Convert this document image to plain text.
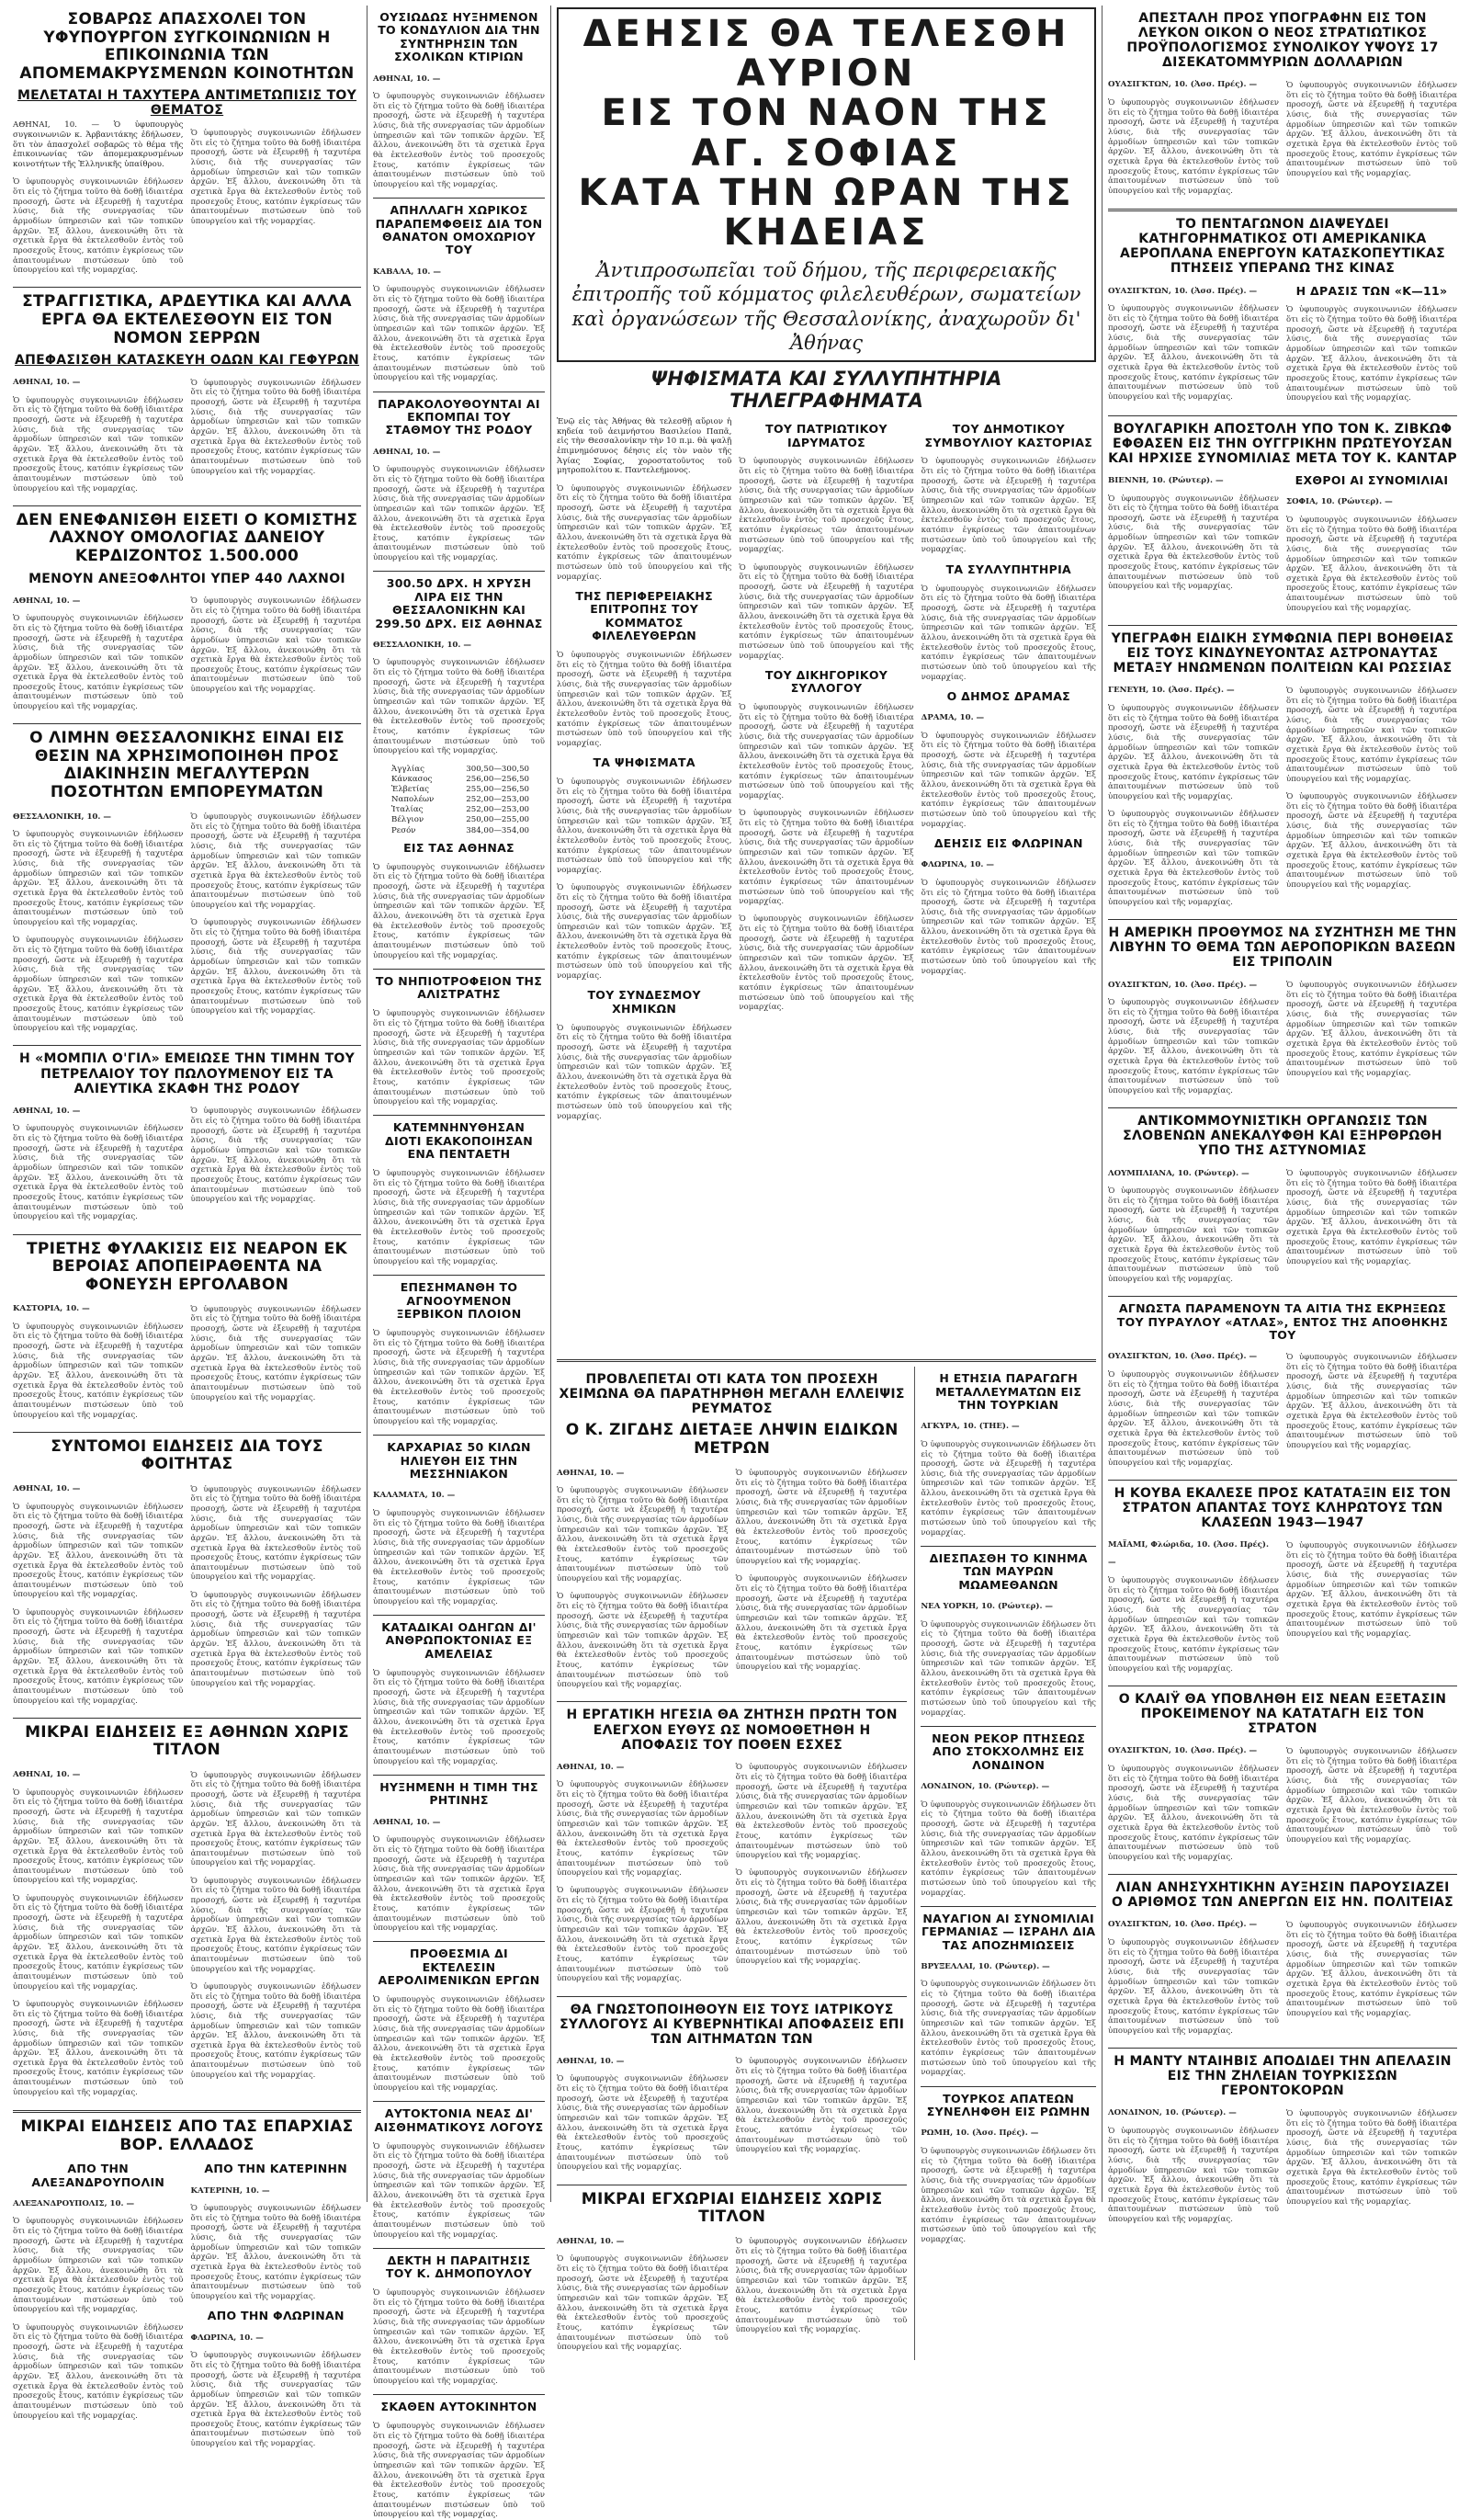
ΣΟΒΑΡΩΣ ΑΠΑΣΧΟΛΕΙ ΤΟΝ ΥΦΥΠΟΥΡΓΟΝ ΣΥΓΚΟΙΝΩΝΙΩΝ Η ΕΠΙΚΟΙΝΩΝΙΑ ΤΩΝ ΑΠΟΜΕΜΑΚΡΥΣΜΕΝΩΝ ΚΟΙΝΟΤΗΤΩΝ
ΜΕΛΕΤΑΤΑΙ Η ΤΑΧΥΤΕΡΑ ΑΝΤΙΜΕΤΩΠΙΣΙΣ ΤΟΥ ΘΕΜΑΤΟΣ

ΑΘΗΝΑΙ, 10. — Ὁ ὑφυπουργὸς συγκοινωνιῶν κ. Ἀρβανιτάκης ἐδήλωσεν, ὅτι τὸν ἀπασχολεῖ σοβαρῶς τὸ θέμα τῆς ἐπικοινωνίας τῶν ἀπομεμακρυσμένων κοινοτήτων τῆς Ἑλληνικῆς ὑπαίθρου.

Ὁ ὑφυπουργὸς συγκοινωνιῶν ἐδήλωσεν ὅτι εἰς τὸ ζήτημα τοῦτο θὰ δοθῇ ἰδιαιτέρα προσοχή, ὥστε νὰ ἐξευρεθῇ ἡ ταχυτέρα λύσις, διὰ τῆς συνεργασίας τῶν ἁρμοδίων ὑπηρεσιῶν καὶ τῶν τοπικῶν ἀρχῶν. Ἐξ ἄλλου, ἀνεκοινώθη ὅτι τὰ σχετικὰ ἔργα θὰ ἐκτελεσθοῦν ἐντὸς τοῦ προσεχοῦς ἔτους, κατόπιν ἐγκρίσεως τῶν ἀπαιτουμένων πιστώσεων ὑπὸ τοῦ ὑπουργείου καὶ τῆς νομαρχίας.

Ὁ ὑφυπουργὸς συγκοινωνιῶν ἐδήλωσεν ὅτι εἰς τὸ ζήτημα τοῦτο θὰ δοθῇ ἰδιαιτέρα προσοχή, ὥστε νὰ ἐξευρεθῇ ἡ ταχυτέρα λύσις, διὰ τῆς συνεργασίας τῶν ἁρμοδίων ὑπηρεσιῶν καὶ τῶν τοπικῶν ἀρχῶν. Ἐξ ἄλλου, ἀνεκοινώθη ὅτι τὰ σχετικὰ ἔργα θὰ ἐκτελεσθοῦν ἐντὸς τοῦ προσεχοῦς ἔτους, κατόπιν ἐγκρίσεως τῶν ἀπαιτουμένων πιστώσεων ὑπὸ τοῦ ὑπουργείου καὶ τῆς νομαρχίας.

ΣΤΡΑΓΓΙΣΤΙΚΑ, ΑΡΔΕΥΤΙΚΑ ΚΑΙ ΑΛΛΑ ΕΡΓΑ ΘΑ ΕΚΤΕΛΕΣΘΟΥΝ ΕΙΣ ΤΟΝ ΝΟΜΟΝ ΣΕΡΡΩΝ
ΑΠΕΦΑΣΙΣΘΗ ΚΑΤΑΣΚΕΥΗ ΟΔΩΝ ΚΑΙ ΓΕΦΥΡΩΝ
ΑΘΗΝΑΙ, 10. —

Ὁ ὑφυπουργὸς συγκοινωνιῶν ἐδήλωσεν ὅτι εἰς τὸ ζήτημα τοῦτο θὰ δοθῇ ἰδιαιτέρα προσοχή, ὥστε νὰ ἐξευρεθῇ ἡ ταχυτέρα λύσις, διὰ τῆς συνεργασίας τῶν ἁρμοδίων ὑπηρεσιῶν καὶ τῶν τοπικῶν ἀρχῶν. Ἐξ ἄλλου, ἀνεκοινώθη ὅτι τὰ σχετικὰ ἔργα θὰ ἐκτελεσθοῦν ἐντὸς τοῦ προσεχοῦς ἔτους, κατόπιν ἐγκρίσεως τῶν ἀπαιτουμένων πιστώσεων ὑπὸ τοῦ ὑπουργείου καὶ τῆς νομαρχίας.

Ὁ ὑφυπουργὸς συγκοινωνιῶν ἐδήλωσεν ὅτι εἰς τὸ ζήτημα τοῦτο θὰ δοθῇ ἰδιαιτέρα προσοχή, ὥστε νὰ ἐξευρεθῇ ἡ ταχυτέρα λύσις, διὰ τῆς συνεργασίας τῶν ἁρμοδίων ὑπηρεσιῶν καὶ τῶν τοπικῶν ἀρχῶν. Ἐξ ἄλλου, ἀνεκοινώθη ὅτι τὰ σχετικὰ ἔργα θὰ ἐκτελεσθοῦν ἐντὸς τοῦ προσεχοῦς ἔτους, κατόπιν ἐγκρίσεως τῶν ἀπαιτουμένων πιστώσεων ὑπὸ τοῦ ὑπουργείου καὶ τῆς νομαρχίας.

ΔΕΝ ΕΝΕΦΑΝΙΣΘΗ ΕΙΣΕΤΙ Ο ΚΟΜΙΣΤΗΣ ΛΑΧΝΟΥ ΟΜΟΛΟΓΙΑΣ ΔΑΝΕΙΟΥ ΚΕΡΔΙΖΟΝΤΟΣ 1.500.000
ΜΕΝΟΥΝ ΑΝΕΞΟΦΛΗΤΟΙ ΥΠΕΡ 440 ΛΑΧΝΟΙ
ΑΘΗΝΑΙ, 10. —

Ὁ ὑφυπουργὸς συγκοινωνιῶν ἐδήλωσεν ὅτι εἰς τὸ ζήτημα τοῦτο θὰ δοθῇ ἰδιαιτέρα προσοχή, ὥστε νὰ ἐξευρεθῇ ἡ ταχυτέρα λύσις, διὰ τῆς συνεργασίας τῶν ἁρμοδίων ὑπηρεσιῶν καὶ τῶν τοπικῶν ἀρχῶν. Ἐξ ἄλλου, ἀνεκοινώθη ὅτι τὰ σχετικὰ ἔργα θὰ ἐκτελεσθοῦν ἐντὸς τοῦ προσεχοῦς ἔτους, κατόπιν ἐγκρίσεως τῶν ἀπαιτουμένων πιστώσεων ὑπὸ τοῦ ὑπουργείου καὶ τῆς νομαρχίας.

Ὁ ὑφυπουργὸς συγκοινωνιῶν ἐδήλωσεν ὅτι εἰς τὸ ζήτημα τοῦτο θὰ δοθῇ ἰδιαιτέρα προσοχή, ὥστε νὰ ἐξευρεθῇ ἡ ταχυτέρα λύσις, διὰ τῆς συνεργασίας τῶν ἁρμοδίων ὑπηρεσιῶν καὶ τῶν τοπικῶν ἀρχῶν. Ἐξ ἄλλου, ἀνεκοινώθη ὅτι τὰ σχετικὰ ἔργα θὰ ἐκτελεσθοῦν ἐντὸς τοῦ προσεχοῦς ἔτους, κατόπιν ἐγκρίσεως τῶν ἀπαιτουμένων πιστώσεων ὑπὸ τοῦ ὑπουργείου καὶ τῆς νομαρχίας.

Ο ΛΙΜΗΝ ΘΕΣΣΑΛΟΝΙΚΗΣ ΕΙΝΑΙ ΕΙΣ ΘΕΣΙΝ ΝΑ ΧΡΗΣΙΜΟΠΟΙΗΘΗ ΠΡΟΣ ΔΙΑΚΙΝΗΣΙΝ ΜΕΓΑΛΥΤΕΡΩΝ ΠΟΣΟΤΗΤΩΝ ΕΜΠΟΡΕΥΜΑΤΩΝ
ΘΕΣΣΑΛΟΝΙΚΗ, 10. —

Ὁ ὑφυπουργὸς συγκοινωνιῶν ἐδήλωσεν ὅτι εἰς τὸ ζήτημα τοῦτο θὰ δοθῇ ἰδιαιτέρα προσοχή, ὥστε νὰ ἐξευρεθῇ ἡ ταχυτέρα λύσις, διὰ τῆς συνεργασίας τῶν ἁρμοδίων ὑπηρεσιῶν καὶ τῶν τοπικῶν ἀρχῶν. Ἐξ ἄλλου, ἀνεκοινώθη ὅτι τὰ σχετικὰ ἔργα θὰ ἐκτελεσθοῦν ἐντὸς τοῦ προσεχοῦς ἔτους, κατόπιν ἐγκρίσεως τῶν ἀπαιτουμένων πιστώσεων ὑπὸ τοῦ ὑπουργείου καὶ τῆς νομαρχίας.

Ὁ ὑφυπουργὸς συγκοινωνιῶν ἐδήλωσεν ὅτι εἰς τὸ ζήτημα τοῦτο θὰ δοθῇ ἰδιαιτέρα προσοχή, ὥστε νὰ ἐξευρεθῇ ἡ ταχυτέρα λύσις, διὰ τῆς συνεργασίας τῶν ἁρμοδίων ὑπηρεσιῶν καὶ τῶν τοπικῶν ἀρχῶν. Ἐξ ἄλλου, ἀνεκοινώθη ὅτι τὰ σχετικὰ ἔργα θὰ ἐκτελεσθοῦν ἐντὸς τοῦ προσεχοῦς ἔτους, κατόπιν ἐγκρίσεως τῶν ἀπαιτουμένων πιστώσεων ὑπὸ τοῦ ὑπουργείου καὶ τῆς νομαρχίας.

Ὁ ὑφυπουργὸς συγκοινωνιῶν ἐδήλωσεν ὅτι εἰς τὸ ζήτημα τοῦτο θὰ δοθῇ ἰδιαιτέρα προσοχή, ὥστε νὰ ἐξευρεθῇ ἡ ταχυτέρα λύσις, διὰ τῆς συνεργασίας τῶν ἁρμοδίων ὑπηρεσιῶν καὶ τῶν τοπικῶν ἀρχῶν. Ἐξ ἄλλου, ἀνεκοινώθη ὅτι τὰ σχετικὰ ἔργα θὰ ἐκτελεσθοῦν ἐντὸς τοῦ προσεχοῦς ἔτους, κατόπιν ἐγκρίσεως τῶν ἀπαιτουμένων πιστώσεων ὑπὸ τοῦ ὑπουργείου καὶ τῆς νομαρχίας.

Ὁ ὑφυπουργὸς συγκοινωνιῶν ἐδήλωσεν ὅτι εἰς τὸ ζήτημα τοῦτο θὰ δοθῇ ἰδιαιτέρα προσοχή, ὥστε νὰ ἐξευρεθῇ ἡ ταχυτέρα λύσις, διὰ τῆς συνεργασίας τῶν ἁρμοδίων ὑπηρεσιῶν καὶ τῶν τοπικῶν ἀρχῶν. Ἐξ ἄλλου, ἀνεκοινώθη ὅτι τὰ σχετικὰ ἔργα θὰ ἐκτελεσθοῦν ἐντὸς τοῦ προσεχοῦς ἔτους, κατόπιν ἐγκρίσεως τῶν ἀπαιτουμένων πιστώσεων ὑπὸ τοῦ ὑπουργείου καὶ τῆς νομαρχίας.

Η «ΜΟΜΠΙΛ Ο'ΓΙΛ» ΕΜΕΙΩΣΕ ΤΗΝ ΤΙΜΗΝ ΤΟΥ ΠΕΤΡΕΛΑΙΟΥ ΤΟΥ ΠΩΛΟΥΜΕΝΟΥ ΕΙΣ ΤΑ ΑΛΙΕΥΤΙΚΑ ΣΚΑΦΗ ΤΗΣ ΡΟΔΟΥ
ΑΘΗΝΑΙ, 10. —

Ὁ ὑφυπουργὸς συγκοινωνιῶν ἐδήλωσεν ὅτι εἰς τὸ ζήτημα τοῦτο θὰ δοθῇ ἰδιαιτέρα προσοχή, ὥστε νὰ ἐξευρεθῇ ἡ ταχυτέρα λύσις, διὰ τῆς συνεργασίας τῶν ἁρμοδίων ὑπηρεσιῶν καὶ τῶν τοπικῶν ἀρχῶν. Ἐξ ἄλλου, ἀνεκοινώθη ὅτι τὰ σχετικὰ ἔργα θὰ ἐκτελεσθοῦν ἐντὸς τοῦ προσεχοῦς ἔτους, κατόπιν ἐγκρίσεως τῶν ἀπαιτουμένων πιστώσεων ὑπὸ τοῦ ὑπουργείου καὶ τῆς νομαρχίας.

Ὁ ὑφυπουργὸς συγκοινωνιῶν ἐδήλωσεν ὅτι εἰς τὸ ζήτημα τοῦτο θὰ δοθῇ ἰδιαιτέρα προσοχή, ὥστε νὰ ἐξευρεθῇ ἡ ταχυτέρα λύσις, διὰ τῆς συνεργασίας τῶν ἁρμοδίων ὑπηρεσιῶν καὶ τῶν τοπικῶν ἀρχῶν. Ἐξ ἄλλου, ἀνεκοινώθη ὅτι τὰ σχετικὰ ἔργα θὰ ἐκτελεσθοῦν ἐντὸς τοῦ προσεχοῦς ἔτους, κατόπιν ἐγκρίσεως τῶν ἀπαιτουμένων πιστώσεων ὑπὸ τοῦ ὑπουργείου καὶ τῆς νομαρχίας.

ΤΡΙΕΤΗΣ ΦΥΛΑΚΙΣΙΣ ΕΙΣ ΝΕΑΡΟΝ ΕΚ ΒΕΡΟΙΑΣ ΑΠΟΠΕΙΡΑΘΕΝΤΑ ΝΑ ΦΟΝΕΥΣΗ ΕΡΓΟΛΑΒΟΝ
ΚΑΣΤΟΡΙΑ, 10. —

Ὁ ὑφυπουργὸς συγκοινωνιῶν ἐδήλωσεν ὅτι εἰς τὸ ζήτημα τοῦτο θὰ δοθῇ ἰδιαιτέρα προσοχή, ὥστε νὰ ἐξευρεθῇ ἡ ταχυτέρα λύσις, διὰ τῆς συνεργασίας τῶν ἁρμοδίων ὑπηρεσιῶν καὶ τῶν τοπικῶν ἀρχῶν. Ἐξ ἄλλου, ἀνεκοινώθη ὅτι τὰ σχετικὰ ἔργα θὰ ἐκτελεσθοῦν ἐντὸς τοῦ προσεχοῦς ἔτους, κατόπιν ἐγκρίσεως τῶν ἀπαιτουμένων πιστώσεων ὑπὸ τοῦ ὑπουργείου καὶ τῆς νομαρχίας.

Ὁ ὑφυπουργὸς συγκοινωνιῶν ἐδήλωσεν ὅτι εἰς τὸ ζήτημα τοῦτο θὰ δοθῇ ἰδιαιτέρα προσοχή, ὥστε νὰ ἐξευρεθῇ ἡ ταχυτέρα λύσις, διὰ τῆς συνεργασίας τῶν ἁρμοδίων ὑπηρεσιῶν καὶ τῶν τοπικῶν ἀρχῶν. Ἐξ ἄλλου, ἀνεκοινώθη ὅτι τὰ σχετικὰ ἔργα θὰ ἐκτελεσθοῦν ἐντὸς τοῦ προσεχοῦς ἔτους, κατόπιν ἐγκρίσεως τῶν ἀπαιτουμένων πιστώσεων ὑπὸ τοῦ ὑπουργείου καὶ τῆς νομαρχίας.

ΣΥΝΤΟΜΟΙ ΕΙΔΗΣΕΙΣ ΔΙΑ ΤΟΥΣ ΦΟΙΤΗΤΑΣ
ΑΘΗΝΑΙ, 10. —

Ὁ ὑφυπουργὸς συγκοινωνιῶν ἐδήλωσεν ὅτι εἰς τὸ ζήτημα τοῦτο θὰ δοθῇ ἰδιαιτέρα προσοχή, ὥστε νὰ ἐξευρεθῇ ἡ ταχυτέρα λύσις, διὰ τῆς συνεργασίας τῶν ἁρμοδίων ὑπηρεσιῶν καὶ τῶν τοπικῶν ἀρχῶν. Ἐξ ἄλλου, ἀνεκοινώθη ὅτι τὰ σχετικὰ ἔργα θὰ ἐκτελεσθοῦν ἐντὸς τοῦ προσεχοῦς ἔτους, κατόπιν ἐγκρίσεως τῶν ἀπαιτουμένων πιστώσεων ὑπὸ τοῦ ὑπουργείου καὶ τῆς νομαρχίας.

Ὁ ὑφυπουργὸς συγκοινωνιῶν ἐδήλωσεν ὅτι εἰς τὸ ζήτημα τοῦτο θὰ δοθῇ ἰδιαιτέρα προσοχή, ὥστε νὰ ἐξευρεθῇ ἡ ταχυτέρα λύσις, διὰ τῆς συνεργασίας τῶν ἁρμοδίων ὑπηρεσιῶν καὶ τῶν τοπικῶν ἀρχῶν. Ἐξ ἄλλου, ἀνεκοινώθη ὅτι τὰ σχετικὰ ἔργα θὰ ἐκτελεσθοῦν ἐντὸς τοῦ προσεχοῦς ἔτους, κατόπιν ἐγκρίσεως τῶν ἀπαιτουμένων πιστώσεων ὑπὸ τοῦ ὑπουργείου καὶ τῆς νομαρχίας.

Ὁ ὑφυπουργὸς συγκοινωνιῶν ἐδήλωσεν ὅτι εἰς τὸ ζήτημα τοῦτο θὰ δοθῇ ἰδιαιτέρα προσοχή, ὥστε νὰ ἐξευρεθῇ ἡ ταχυτέρα λύσις, διὰ τῆς συνεργασίας τῶν ἁρμοδίων ὑπηρεσιῶν καὶ τῶν τοπικῶν ἀρχῶν. Ἐξ ἄλλου, ἀνεκοινώθη ὅτι τὰ σχετικὰ ἔργα θὰ ἐκτελεσθοῦν ἐντὸς τοῦ προσεχοῦς ἔτους, κατόπιν ἐγκρίσεως τῶν ἀπαιτουμένων πιστώσεων ὑπὸ τοῦ ὑπουργείου καὶ τῆς νομαρχίας.

Ὁ ὑφυπουργὸς συγκοινωνιῶν ἐδήλωσεν ὅτι εἰς τὸ ζήτημα τοῦτο θὰ δοθῇ ἰδιαιτέρα προσοχή, ὥστε νὰ ἐξευρεθῇ ἡ ταχυτέρα λύσις, διὰ τῆς συνεργασίας τῶν ἁρμοδίων ὑπηρεσιῶν καὶ τῶν τοπικῶν ἀρχῶν. Ἐξ ἄλλου, ἀνεκοινώθη ὅτι τὰ σχετικὰ ἔργα θὰ ἐκτελεσθοῦν ἐντὸς τοῦ προσεχοῦς ἔτους, κατόπιν ἐγκρίσεως τῶν ἀπαιτουμένων πιστώσεων ὑπὸ τοῦ ὑπουργείου καὶ τῆς νομαρχίας.

ΜΙΚΡΑΙ ΕΙΔΗΣΕΙΣ ΕΞ ΑΘΗΝΩΝ ΧΩΡΙΣ ΤΙΤΛΟΝ
ΑΘΗΝΑΙ, 10. —

Ὁ ὑφυπουργὸς συγκοινωνιῶν ἐδήλωσεν ὅτι εἰς τὸ ζήτημα τοῦτο θὰ δοθῇ ἰδιαιτέρα προσοχή, ὥστε νὰ ἐξευρεθῇ ἡ ταχυτέρα λύσις, διὰ τῆς συνεργασίας τῶν ἁρμοδίων ὑπηρεσιῶν καὶ τῶν τοπικῶν ἀρχῶν. Ἐξ ἄλλου, ἀνεκοινώθη ὅτι τὰ σχετικὰ ἔργα θὰ ἐκτελεσθοῦν ἐντὸς τοῦ προσεχοῦς ἔτους, κατόπιν ἐγκρίσεως τῶν ἀπαιτουμένων πιστώσεων ὑπὸ τοῦ ὑπουργείου καὶ τῆς νομαρχίας.

Ὁ ὑφυπουργὸς συγκοινωνιῶν ἐδήλωσεν ὅτι εἰς τὸ ζήτημα τοῦτο θὰ δοθῇ ἰδιαιτέρα προσοχή, ὥστε νὰ ἐξευρεθῇ ἡ ταχυτέρα λύσις, διὰ τῆς συνεργασίας τῶν ἁρμοδίων ὑπηρεσιῶν καὶ τῶν τοπικῶν ἀρχῶν. Ἐξ ἄλλου, ἀνεκοινώθη ὅτι τὰ σχετικὰ ἔργα θὰ ἐκτελεσθοῦν ἐντὸς τοῦ προσεχοῦς ἔτους, κατόπιν ἐγκρίσεως τῶν ἀπαιτουμένων πιστώσεων ὑπὸ τοῦ ὑπουργείου καὶ τῆς νομαρχίας.

Ὁ ὑφυπουργὸς συγκοινωνιῶν ἐδήλωσεν ὅτι εἰς τὸ ζήτημα τοῦτο θὰ δοθῇ ἰδιαιτέρα προσοχή, ὥστε νὰ ἐξευρεθῇ ἡ ταχυτέρα λύσις, διὰ τῆς συνεργασίας τῶν ἁρμοδίων ὑπηρεσιῶν καὶ τῶν τοπικῶν ἀρχῶν. Ἐξ ἄλλου, ἀνεκοινώθη ὅτι τὰ σχετικὰ ἔργα θὰ ἐκτελεσθοῦν ἐντὸς τοῦ προσεχοῦς ἔτους, κατόπιν ἐγκρίσεως τῶν ἀπαιτουμένων πιστώσεων ὑπὸ τοῦ ὑπουργείου καὶ τῆς νομαρχίας.

Ὁ ὑφυπουργὸς συγκοινωνιῶν ἐδήλωσεν ὅτι εἰς τὸ ζήτημα τοῦτο θὰ δοθῇ ἰδιαιτέρα προσοχή, ὥστε νὰ ἐξευρεθῇ ἡ ταχυτέρα λύσις, διὰ τῆς συνεργασίας τῶν ἁρμοδίων ὑπηρεσιῶν καὶ τῶν τοπικῶν ἀρχῶν. Ἐξ ἄλλου, ἀνεκοινώθη ὅτι τὰ σχετικὰ ἔργα θὰ ἐκτελεσθοῦν ἐντὸς τοῦ προσεχοῦς ἔτους, κατόπιν ἐγκρίσεως τῶν ἀπαιτουμένων πιστώσεων ὑπὸ τοῦ ὑπουργείου καὶ τῆς νομαρχίας.

Ὁ ὑφυπουργὸς συγκοινωνιῶν ἐδήλωσεν ὅτι εἰς τὸ ζήτημα τοῦτο θὰ δοθῇ ἰδιαιτέρα προσοχή, ὥστε νὰ ἐξευρεθῇ ἡ ταχυτέρα λύσις, διὰ τῆς συνεργασίας τῶν ἁρμοδίων ὑπηρεσιῶν καὶ τῶν τοπικῶν ἀρχῶν. Ἐξ ἄλλου, ἀνεκοινώθη ὅτι τὰ σχετικὰ ἔργα θὰ ἐκτελεσθοῦν ἐντὸς τοῦ προσεχοῦς ἔτους, κατόπιν ἐγκρίσεως τῶν ἀπαιτουμένων πιστώσεων ὑπὸ τοῦ ὑπουργείου καὶ τῆς νομαρχίας.

Ὁ ὑφυπουργὸς συγκοινωνιῶν ἐδήλωσεν ὅτι εἰς τὸ ζήτημα τοῦτο θὰ δοθῇ ἰδιαιτέρα προσοχή, ὥστε νὰ ἐξευρεθῇ ἡ ταχυτέρα λύσις, διὰ τῆς συνεργασίας τῶν ἁρμοδίων ὑπηρεσιῶν καὶ τῶν τοπικῶν ἀρχῶν. Ἐξ ἄλλου, ἀνεκοινώθη ὅτι τὰ σχετικὰ ἔργα θὰ ἐκτελεσθοῦν ἐντὸς τοῦ προσεχοῦς ἔτους, κατόπιν ἐγκρίσεως τῶν ἀπαιτουμένων πιστώσεων ὑπὸ τοῦ ὑπουργείου καὶ τῆς νομαρχίας.

ΜΙΚΡΑΙ ΕΙΔΗΣΕΙΣ ΑΠΟ ΤΑΣ ΕΠΑΡΧΙΑΣ ΒΟΡ. ΕΛΛΑΔΟΣ
ΑΠΟ ΤΗΝ ΑΛΕΞΑΝΔΡΟΥΠΟΛΙΝ
ΑΛΕΞΑΝΔΡΟΥΠΟΛΙΣ, 10. —

Ὁ ὑφυπουργὸς συγκοινωνιῶν ἐδήλωσεν ὅτι εἰς τὸ ζήτημα τοῦτο θὰ δοθῇ ἰδιαιτέρα προσοχή, ὥστε νὰ ἐξευρεθῇ ἡ ταχυτέρα λύσις, διὰ τῆς συνεργασίας τῶν ἁρμοδίων ὑπηρεσιῶν καὶ τῶν τοπικῶν ἀρχῶν. Ἐξ ἄλλου, ἀνεκοινώθη ὅτι τὰ σχετικὰ ἔργα θὰ ἐκτελεσθοῦν ἐντὸς τοῦ προσεχοῦς ἔτους, κατόπιν ἐγκρίσεως τῶν ἀπαιτουμένων πιστώσεων ὑπὸ τοῦ ὑπουργείου καὶ τῆς νομαρχίας.

Ὁ ὑφυπουργὸς συγκοινωνιῶν ἐδήλωσεν ὅτι εἰς τὸ ζήτημα τοῦτο θὰ δοθῇ ἰδιαιτέρα προσοχή, ὥστε νὰ ἐξευρεθῇ ἡ ταχυτέρα λύσις, διὰ τῆς συνεργασίας τῶν ἁρμοδίων ὑπηρεσιῶν καὶ τῶν τοπικῶν ἀρχῶν. Ἐξ ἄλλου, ἀνεκοινώθη ὅτι τὰ σχετικὰ ἔργα θὰ ἐκτελεσθοῦν ἐντὸς τοῦ προσεχοῦς ἔτους, κατόπιν ἐγκρίσεως τῶν ἀπαιτουμένων πιστώσεων ὑπὸ τοῦ ὑπουργείου καὶ τῆς νομαρχίας.

ΑΠΟ ΤΗΝ ΚΑΤΕΡΙΝΗΝ
ΚΑΤΕΡΙΝΗ, 10. —

Ὁ ὑφυπουργὸς συγκοινωνιῶν ἐδήλωσεν ὅτι εἰς τὸ ζήτημα τοῦτο θὰ δοθῇ ἰδιαιτέρα προσοχή, ὥστε νὰ ἐξευρεθῇ ἡ ταχυτέρα λύσις, διὰ τῆς συνεργασίας τῶν ἁρμοδίων ὑπηρεσιῶν καὶ τῶν τοπικῶν ἀρχῶν. Ἐξ ἄλλου, ἀνεκοινώθη ὅτι τὰ σχετικὰ ἔργα θὰ ἐκτελεσθοῦν ἐντὸς τοῦ προσεχοῦς ἔτους, κατόπιν ἐγκρίσεως τῶν ἀπαιτουμένων πιστώσεων ὑπὸ τοῦ ὑπουργείου καὶ τῆς νομαρχίας.

ΑΠΟ ΤΗΝ ΦΛΩΡΙΝΑΝ
ΦΛΩΡΙΝΑ, 10. —

Ὁ ὑφυπουργὸς συγκοινωνιῶν ἐδήλωσεν ὅτι εἰς τὸ ζήτημα τοῦτο θὰ δοθῇ ἰδιαιτέρα προσοχή, ὥστε νὰ ἐξευρεθῇ ἡ ταχυτέρα λύσις, διὰ τῆς συνεργασίας τῶν ἁρμοδίων ὑπηρεσιῶν καὶ τῶν τοπικῶν ἀρχῶν. Ἐξ ἄλλου, ἀνεκοινώθη ὅτι τὰ σχετικὰ ἔργα θὰ ἐκτελεσθοῦν ἐντὸς τοῦ προσεχοῦς ἔτους, κατόπιν ἐγκρίσεως τῶν ἀπαιτουμένων πιστώσεων ὑπὸ τοῦ ὑπουργείου καὶ τῆς νομαρχίας.

ΟΥΣΙΩΔΩΣ ΗΥΞΗΜΕΝΟΝ ΤΟ ΚΟΝΔΥΛΙΟΝ ΔΙΑ ΤΗΝ ΣΥΝΤΗΡΗΣΙΝ ΤΩΝ ΣΧΟΛΙΚΩΝ ΚΤΙΡΙΩΝ
ΑΘΗΝΑΙ, 10. —

Ὁ ὑφυπουργὸς συγκοινωνιῶν ἐδήλωσεν ὅτι εἰς τὸ ζήτημα τοῦτο θὰ δοθῇ ἰδιαιτέρα προσοχή, ὥστε νὰ ἐξευρεθῇ ἡ ταχυτέρα λύσις, διὰ τῆς συνεργασίας τῶν ἁρμοδίων ὑπηρεσιῶν καὶ τῶν τοπικῶν ἀρχῶν. Ἐξ ἄλλου, ἀνεκοινώθη ὅτι τὰ σχετικὰ ἔργα θὰ ἐκτελεσθοῦν ἐντὸς τοῦ προσεχοῦς ἔτους, κατόπιν ἐγκρίσεως τῶν ἀπαιτουμένων πιστώσεων ὑπὸ τοῦ ὑπουργείου καὶ τῆς νομαρχίας.

ΑΠΗΛΛΑΓΗ ΧΩΡΙΚΟΣ ΠΑΡΑΠΕΜΦΘΕΙΣ ΔΙΑ ΤΟΝ ΘΑΝΑΤΟΝ ΟΜΟΧΩΡΙΟΥ ΤΟΥ
ΚΑΒΑΛΑ, 10. —

Ὁ ὑφυπουργὸς συγκοινωνιῶν ἐδήλωσεν ὅτι εἰς τὸ ζήτημα τοῦτο θὰ δοθῇ ἰδιαιτέρα προσοχή, ὥστε νὰ ἐξευρεθῇ ἡ ταχυτέρα λύσις, διὰ τῆς συνεργασίας τῶν ἁρμοδίων ὑπηρεσιῶν καὶ τῶν τοπικῶν ἀρχῶν. Ἐξ ἄλλου, ἀνεκοινώθη ὅτι τὰ σχετικὰ ἔργα θὰ ἐκτελεσθοῦν ἐντὸς τοῦ προσεχοῦς ἔτους, κατόπιν ἐγκρίσεως τῶν ἀπαιτουμένων πιστώσεων ὑπὸ τοῦ ὑπουργείου καὶ τῆς νομαρχίας.

ΠΑΡΑΚΟΛΟΥΘΟΥΝΤΑΙ ΑΙ ΕΚΠΟΜΠΑΙ ΤΟΥ ΣΤΑΘΜΟΥ ΤΗΣ ΡΟΔΟΥ
ΑΘΗΝΑΙ, 10. —

Ὁ ὑφυπουργὸς συγκοινωνιῶν ἐδήλωσεν ὅτι εἰς τὸ ζήτημα τοῦτο θὰ δοθῇ ἰδιαιτέρα προσοχή, ὥστε νὰ ἐξευρεθῇ ἡ ταχυτέρα λύσις, διὰ τῆς συνεργασίας τῶν ἁρμοδίων ὑπηρεσιῶν καὶ τῶν τοπικῶν ἀρχῶν. Ἐξ ἄλλου, ἀνεκοινώθη ὅτι τὰ σχετικὰ ἔργα θὰ ἐκτελεσθοῦν ἐντὸς τοῦ προσεχοῦς ἔτους, κατόπιν ἐγκρίσεως τῶν ἀπαιτουμένων πιστώσεων ὑπὸ τοῦ ὑπουργείου καὶ τῆς νομαρχίας.

300.50 ΔΡΧ. Η ΧΡΥΣΗ ΛΙΡΑ ΕΙΣ ΤΗΝ ΘΕΣΣΑΛΟΝΙΚΗΝ ΚΑΙ 299.50 ΔΡΧ. ΕΙΣ ΑΘΗΝΑΣ
ΘΕΣΣΑΛΟΝΙΚΗ, 10. —

Ὁ ὑφυπουργὸς συγκοινωνιῶν ἐδήλωσεν ὅτι εἰς τὸ ζήτημα τοῦτο θὰ δοθῇ ἰδιαιτέρα προσοχή, ὥστε νὰ ἐξευρεθῇ ἡ ταχυτέρα λύσις, διὰ τῆς συνεργασίας τῶν ἁρμοδίων ὑπηρεσιῶν καὶ τῶν τοπικῶν ἀρχῶν. Ἐξ ἄλλου, ἀνεκοινώθη ὅτι τὰ σχετικὰ ἔργα θὰ ἐκτελεσθοῦν ἐντὸς τοῦ προσεχοῦς ἔτους, κατόπιν ἐγκρίσεως τῶν ἀπαιτουμένων πιστώσεων ὑπὸ τοῦ ὑπουργείου καὶ τῆς νομαρχίας.

Ἀγγλίας	300,50—300,50
Κάνκασος	256,00—256,50
Ἐλβετίας	255,00—256,50
Ναπολέων	252,00—253,00
Ἰταλίας	252,00—253,00
Βέλγιον	250,00—255,00
Ρεσόν	384,00—354,00
ΕΙΣ ΤΑΣ ΑΘΗΝΑΣ

Ὁ ὑφυπουργὸς συγκοινωνιῶν ἐδήλωσεν ὅτι εἰς τὸ ζήτημα τοῦτο θὰ δοθῇ ἰδιαιτέρα προσοχή, ὥστε νὰ ἐξευρεθῇ ἡ ταχυτέρα λύσις, διὰ τῆς συνεργασίας τῶν ἁρμοδίων ὑπηρεσιῶν καὶ τῶν τοπικῶν ἀρχῶν. Ἐξ ἄλλου, ἀνεκοινώθη ὅτι τὰ σχετικὰ ἔργα θὰ ἐκτελεσθοῦν ἐντὸς τοῦ προσεχοῦς ἔτους, κατόπιν ἐγκρίσεως τῶν ἀπαιτουμένων πιστώσεων ὑπὸ τοῦ ὑπουργείου καὶ τῆς νομαρχίας.

ΤΟ ΝΗΠΙΟΤΡΟΦΕΙΟΝ ΤΗΣ ΑΛΙΣΤΡΑΤΗΣ

Ὁ ὑφυπουργὸς συγκοινωνιῶν ἐδήλωσεν ὅτι εἰς τὸ ζήτημα τοῦτο θὰ δοθῇ ἰδιαιτέρα προσοχή, ὥστε νὰ ἐξευρεθῇ ἡ ταχυτέρα λύσις, διὰ τῆς συνεργασίας τῶν ἁρμοδίων ὑπηρεσιῶν καὶ τῶν τοπικῶν ἀρχῶν. Ἐξ ἄλλου, ἀνεκοινώθη ὅτι τὰ σχετικὰ ἔργα θὰ ἐκτελεσθοῦν ἐντὸς τοῦ προσεχοῦς ἔτους, κατόπιν ἐγκρίσεως τῶν ἀπαιτουμένων πιστώσεων ὑπὸ τοῦ ὑπουργείου καὶ τῆς νομαρχίας.

ΚΑΤΕΜΝΗΝΥΘΗΣΑΝ ΔΙΟΤΙ ΕΚΑΚΟΠΟΙΗΣΑΝ ΕΝΑ ΠΕΝΤΑΕΤΗ

Ὁ ὑφυπουργὸς συγκοινωνιῶν ἐδήλωσεν ὅτι εἰς τὸ ζήτημα τοῦτο θὰ δοθῇ ἰδιαιτέρα προσοχή, ὥστε νὰ ἐξευρεθῇ ἡ ταχυτέρα λύσις, διὰ τῆς συνεργασίας τῶν ἁρμοδίων ὑπηρεσιῶν καὶ τῶν τοπικῶν ἀρχῶν. Ἐξ ἄλλου, ἀνεκοινώθη ὅτι τὰ σχετικὰ ἔργα θὰ ἐκτελεσθοῦν ἐντὸς τοῦ προσεχοῦς ἔτους, κατόπιν ἐγκρίσεως τῶν ἀπαιτουμένων πιστώσεων ὑπὸ τοῦ ὑπουργείου καὶ τῆς νομαρχίας.

ΕΠΕΣΗΜΑΝΘΗ ΤΟ ΑΓΝΟΟΥΜΕΝΟΝ ΞΕΡΒΙΚΟΝ ΠΛΟΙΟΝ

Ὁ ὑφυπουργὸς συγκοινωνιῶν ἐδήλωσεν ὅτι εἰς τὸ ζήτημα τοῦτο θὰ δοθῇ ἰδιαιτέρα προσοχή, ὥστε νὰ ἐξευρεθῇ ἡ ταχυτέρα λύσις, διὰ τῆς συνεργασίας τῶν ἁρμοδίων ὑπηρεσιῶν καὶ τῶν τοπικῶν ἀρχῶν. Ἐξ ἄλλου, ἀνεκοινώθη ὅτι τὰ σχετικὰ ἔργα θὰ ἐκτελεσθοῦν ἐντὸς τοῦ προσεχοῦς ἔτους, κατόπιν ἐγκρίσεως τῶν ἀπαιτουμένων πιστώσεων ὑπὸ τοῦ ὑπουργείου καὶ τῆς νομαρχίας.

ΚΑΡΧΑΡΙΑΣ 50 ΚΙΛΩΝ ΗΛΙΕΥΘΗ ΕΙΣ ΤΗΝ ΜΕΣΣΗΝΙΑΚΟΝ
ΚΑΛΑΜΑΤΑ, 10. —

Ὁ ὑφυπουργὸς συγκοινωνιῶν ἐδήλωσεν ὅτι εἰς τὸ ζήτημα τοῦτο θὰ δοθῇ ἰδιαιτέρα προσοχή, ὥστε νὰ ἐξευρεθῇ ἡ ταχυτέρα λύσις, διὰ τῆς συνεργασίας τῶν ἁρμοδίων ὑπηρεσιῶν καὶ τῶν τοπικῶν ἀρχῶν. Ἐξ ἄλλου, ἀνεκοινώθη ὅτι τὰ σχετικὰ ἔργα θὰ ἐκτελεσθοῦν ἐντὸς τοῦ προσεχοῦς ἔτους, κατόπιν ἐγκρίσεως τῶν ἀπαιτουμένων πιστώσεων ὑπὸ τοῦ ὑπουργείου καὶ τῆς νομαρχίας.

ΚΑΤΑΔΙΚΑΙ ΟΔΗΓΩΝ ΔΙ' ΑΝΘΡΩΠΟΚΤΟΝΙΑΣ ΕΞ ΑΜΕΛΕΙΑΣ

Ὁ ὑφυπουργὸς συγκοινωνιῶν ἐδήλωσεν ὅτι εἰς τὸ ζήτημα τοῦτο θὰ δοθῇ ἰδιαιτέρα προσοχή, ὥστε νὰ ἐξευρεθῇ ἡ ταχυτέρα λύσις, διὰ τῆς συνεργασίας τῶν ἁρμοδίων ὑπηρεσιῶν καὶ τῶν τοπικῶν ἀρχῶν. Ἐξ ἄλλου, ἀνεκοινώθη ὅτι τὰ σχετικὰ ἔργα θὰ ἐκτελεσθοῦν ἐντὸς τοῦ προσεχοῦς ἔτους, κατόπιν ἐγκρίσεως τῶν ἀπαιτουμένων πιστώσεων ὑπὸ τοῦ ὑπουργείου καὶ τῆς νομαρχίας.

ΗΥΞΗΜΕΝΗ Η ΤΙΜΗ ΤΗΣ ΡΗΤΙΝΗΣ
ΑΘΗΝΑΙ, 10. —

Ὁ ὑφυπουργὸς συγκοινωνιῶν ἐδήλωσεν ὅτι εἰς τὸ ζήτημα τοῦτο θὰ δοθῇ ἰδιαιτέρα προσοχή, ὥστε νὰ ἐξευρεθῇ ἡ ταχυτέρα λύσις, διὰ τῆς συνεργασίας τῶν ἁρμοδίων ὑπηρεσιῶν καὶ τῶν τοπικῶν ἀρχῶν. Ἐξ ἄλλου, ἀνεκοινώθη ὅτι τὰ σχετικὰ ἔργα θὰ ἐκτελεσθοῦν ἐντὸς τοῦ προσεχοῦς ἔτους, κατόπιν ἐγκρίσεως τῶν ἀπαιτουμένων πιστώσεων ὑπὸ τοῦ ὑπουργείου καὶ τῆς νομαρχίας.

ΠΡΟΘΕΣΜΙΑ ΔΙ ΕΚΤΕΛΕΣΙΝ ΑΕΡΟΛΙΜΕΝΙΚΩΝ ΕΡΓΩΝ

Ὁ ὑφυπουργὸς συγκοινωνιῶν ἐδήλωσεν ὅτι εἰς τὸ ζήτημα τοῦτο θὰ δοθῇ ἰδιαιτέρα προσοχή, ὥστε νὰ ἐξευρεθῇ ἡ ταχυτέρα λύσις, διὰ τῆς συνεργασίας τῶν ἁρμοδίων ὑπηρεσιῶν καὶ τῶν τοπικῶν ἀρχῶν. Ἐξ ἄλλου, ἀνεκοινώθη ὅτι τὰ σχετικὰ ἔργα θὰ ἐκτελεσθοῦν ἐντὸς τοῦ προσεχοῦς ἔτους, κατόπιν ἐγκρίσεως τῶν ἀπαιτουμένων πιστώσεων ὑπὸ τοῦ ὑπουργείου καὶ τῆς νομαρχίας.

ΑΥΤΟΚΤΟΝΙΑ ΝΕΑΣ ΔΙ' ΑΙΣΘΗΜΑΤΙΚΟΥΣ ΛΟΓΟΥΣ

Ὁ ὑφυπουργὸς συγκοινωνιῶν ἐδήλωσεν ὅτι εἰς τὸ ζήτημα τοῦτο θὰ δοθῇ ἰδιαιτέρα προσοχή, ὥστε νὰ ἐξευρεθῇ ἡ ταχυτέρα λύσις, διὰ τῆς συνεργασίας τῶν ἁρμοδίων ὑπηρεσιῶν καὶ τῶν τοπικῶν ἀρχῶν. Ἐξ ἄλλου, ἀνεκοινώθη ὅτι τὰ σχετικὰ ἔργα θὰ ἐκτελεσθοῦν ἐντὸς τοῦ προσεχοῦς ἔτους, κατόπιν ἐγκρίσεως τῶν ἀπαιτουμένων πιστώσεων ὑπὸ τοῦ ὑπουργείου καὶ τῆς νομαρχίας.

ΔΕΚΤΗ Η ΠΑΡΑΙΤΗΣΙΣ ΤΟΥ Κ. ΔΗΜΟΠΟΥΛΟΥ

Ὁ ὑφυπουργὸς συγκοινωνιῶν ἐδήλωσεν ὅτι εἰς τὸ ζήτημα τοῦτο θὰ δοθῇ ἰδιαιτέρα προσοχή, ὥστε νὰ ἐξευρεθῇ ἡ ταχυτέρα λύσις, διὰ τῆς συνεργασίας τῶν ἁρμοδίων ὑπηρεσιῶν καὶ τῶν τοπικῶν ἀρχῶν. Ἐξ ἄλλου, ἀνεκοινώθη ὅτι τὰ σχετικὰ ἔργα θὰ ἐκτελεσθοῦν ἐντὸς τοῦ προσεχοῦς ἔτους, κατόπιν ἐγκρίσεως τῶν ἀπαιτουμένων πιστώσεων ὑπὸ τοῦ ὑπουργείου καὶ τῆς νομαρχίας.

ΣΚΑΘΕΝ ΑΥΤΟΚΙΝΗΤΟΝ

Ὁ ὑφυπουργὸς συγκοινωνιῶν ἐδήλωσεν ὅτι εἰς τὸ ζήτημα τοῦτο θὰ δοθῇ ἰδιαιτέρα προσοχή, ὥστε νὰ ἐξευρεθῇ ἡ ταχυτέρα λύσις, διὰ τῆς συνεργασίας τῶν ἁρμοδίων ὑπηρεσιῶν καὶ τῶν τοπικῶν ἀρχῶν. Ἐξ ἄλλου, ἀνεκοινώθη ὅτι τὰ σχετικὰ ἔργα θὰ ἐκτελεσθοῦν ἐντὸς τοῦ προσεχοῦς ἔτους, κατόπιν ἐγκρίσεως τῶν ἀπαιτουμένων πιστώσεων ὑπὸ τοῦ ὑπουργείου καὶ τῆς νομαρχίας.

ΔΕΗΣΙΣ ΘΑ ΤΕΛΕΣΘΗ ΑΥΡΙΟΝ
ΕΙΣ ΤΟΝ ΝΑΟΝ ΤΗΣ ΑΓ. ΣΟΦΙΑΣ
ΚΑΤΑ ΤΗΝ ΩΡΑΝ ΤΗΣ ΚΗΔΕΙΑΣ
Ἀντιπροσωπεῖαι τοῦ δήμου, τῆς περιφερειακῆς ἐπιτροπῆς τοῦ κόμματος φιλελευθέρων, σωματείων καὶ ὀργανώσεων τῆς Θεσσαλονίκης, ἀναχωροῦν δι' Ἀθήνας
ΨΗΦΙΣΜΑΤΑ ΚΑΙ ΣΥΛΛΥΠΗΤΗΡΙΑ ΤΗΛΕΓΡΑΦΗΜΑΤΑ

Ἐνῷ εἰς τὰς Ἀθήνας θὰ τελεσθῇ αὔριον ἡ κηδεία τοῦ ἀειμνήστου Βασιλείου Παπᾶ, εἰς τὴν Θεσσαλονίκην τὴν 10 π.μ. θὰ ψαλῇ ἐπιμνημόσυνος δέησις εἰς τὸν ναὸν τῆς Ἁγίας Σοφίας, χοροστατοῦντος τοῦ μητροπολίτου κ. Παντελεήμονος.

Ὁ ὑφυπουργὸς συγκοινωνιῶν ἐδήλωσεν ὅτι εἰς τὸ ζήτημα τοῦτο θὰ δοθῇ ἰδιαιτέρα προσοχή, ὥστε νὰ ἐξευρεθῇ ἡ ταχυτέρα λύσις, διὰ τῆς συνεργασίας τῶν ἁρμοδίων ὑπηρεσιῶν καὶ τῶν τοπικῶν ἀρχῶν. Ἐξ ἄλλου, ἀνεκοινώθη ὅτι τὰ σχετικὰ ἔργα θὰ ἐκτελεσθοῦν ἐντὸς τοῦ προσεχοῦς ἔτους, κατόπιν ἐγκρίσεως τῶν ἀπαιτουμένων πιστώσεων ὑπὸ τοῦ ὑπουργείου καὶ τῆς νομαρχίας.

ΤΗΣ ΠΕΡΙΦΕΡΕΙΑΚΗΣ ΕΠΙΤΡΟΠΗΣ ΤΟΥ ΚΟΜΜΑΤΟΣ ΦΙΛΕΛΕΥΘΕΡΩΝ

Ὁ ὑφυπουργὸς συγκοινωνιῶν ἐδήλωσεν ὅτι εἰς τὸ ζήτημα τοῦτο θὰ δοθῇ ἰδιαιτέρα προσοχή, ὥστε νὰ ἐξευρεθῇ ἡ ταχυτέρα λύσις, διὰ τῆς συνεργασίας τῶν ἁρμοδίων ὑπηρεσιῶν καὶ τῶν τοπικῶν ἀρχῶν. Ἐξ ἄλλου, ἀνεκοινώθη ὅτι τὰ σχετικὰ ἔργα θὰ ἐκτελεσθοῦν ἐντὸς τοῦ προσεχοῦς ἔτους, κατόπιν ἐγκρίσεως τῶν ἀπαιτουμένων πιστώσεων ὑπὸ τοῦ ὑπουργείου καὶ τῆς νομαρχίας.

ΤΑ ΨΗΦΙΣΜΑΤΑ

Ὁ ὑφυπουργὸς συγκοινωνιῶν ἐδήλωσεν ὅτι εἰς τὸ ζήτημα τοῦτο θὰ δοθῇ ἰδιαιτέρα προσοχή, ὥστε νὰ ἐξευρεθῇ ἡ ταχυτέρα λύσις, διὰ τῆς συνεργασίας τῶν ἁρμοδίων ὑπηρεσιῶν καὶ τῶν τοπικῶν ἀρχῶν. Ἐξ ἄλλου, ἀνεκοινώθη ὅτι τὰ σχετικὰ ἔργα θὰ ἐκτελεσθοῦν ἐντὸς τοῦ προσεχοῦς ἔτους, κατόπιν ἐγκρίσεως τῶν ἀπαιτουμένων πιστώσεων ὑπὸ τοῦ ὑπουργείου καὶ τῆς νομαρχίας.

Ὁ ὑφυπουργὸς συγκοινωνιῶν ἐδήλωσεν ὅτι εἰς τὸ ζήτημα τοῦτο θὰ δοθῇ ἰδιαιτέρα προσοχή, ὥστε νὰ ἐξευρεθῇ ἡ ταχυτέρα λύσις, διὰ τῆς συνεργασίας τῶν ἁρμοδίων ὑπηρεσιῶν καὶ τῶν τοπικῶν ἀρχῶν. Ἐξ ἄλλου, ἀνεκοινώθη ὅτι τὰ σχετικὰ ἔργα θὰ ἐκτελεσθοῦν ἐντὸς τοῦ προσεχοῦς ἔτους, κατόπιν ἐγκρίσεως τῶν ἀπαιτουμένων πιστώσεων ὑπὸ τοῦ ὑπουργείου καὶ τῆς νομαρχίας.

ΤΟΥ ΣΥΝΔΕΣΜΟΥ ΧΗΜΙΚΩΝ

Ὁ ὑφυπουργὸς συγκοινωνιῶν ἐδήλωσεν ὅτι εἰς τὸ ζήτημα τοῦτο θὰ δοθῇ ἰδιαιτέρα προσοχή, ὥστε νὰ ἐξευρεθῇ ἡ ταχυτέρα λύσις, διὰ τῆς συνεργασίας τῶν ἁρμοδίων ὑπηρεσιῶν καὶ τῶν τοπικῶν ἀρχῶν. Ἐξ ἄλλου, ἀνεκοινώθη ὅτι τὰ σχετικὰ ἔργα θὰ ἐκτελεσθοῦν ἐντὸς τοῦ προσεχοῦς ἔτους, κατόπιν ἐγκρίσεως τῶν ἀπαιτουμένων πιστώσεων ὑπὸ τοῦ ὑπουργείου καὶ τῆς νομαρχίας.

ΤΟΥ ΠΑΤΡΙΩΤΙΚΟΥ ΙΔΡΥΜΑΤΟΣ

Ὁ ὑφυπουργὸς συγκοινωνιῶν ἐδήλωσεν ὅτι εἰς τὸ ζήτημα τοῦτο θὰ δοθῇ ἰδιαιτέρα προσοχή, ὥστε νὰ ἐξευρεθῇ ἡ ταχυτέρα λύσις, διὰ τῆς συνεργασίας τῶν ἁρμοδίων ὑπηρεσιῶν καὶ τῶν τοπικῶν ἀρχῶν. Ἐξ ἄλλου, ἀνεκοινώθη ὅτι τὰ σχετικὰ ἔργα θὰ ἐκτελεσθοῦν ἐντὸς τοῦ προσεχοῦς ἔτους, κατόπιν ἐγκρίσεως τῶν ἀπαιτουμένων πιστώσεων ὑπὸ τοῦ ὑπουργείου καὶ τῆς νομαρχίας.

Ὁ ὑφυπουργὸς συγκοινωνιῶν ἐδήλωσεν ὅτι εἰς τὸ ζήτημα τοῦτο θὰ δοθῇ ἰδιαιτέρα προσοχή, ὥστε νὰ ἐξευρεθῇ ἡ ταχυτέρα λύσις, διὰ τῆς συνεργασίας τῶν ἁρμοδίων ὑπηρεσιῶν καὶ τῶν τοπικῶν ἀρχῶν. Ἐξ ἄλλου, ἀνεκοινώθη ὅτι τὰ σχετικὰ ἔργα θὰ ἐκτελεσθοῦν ἐντὸς τοῦ προσεχοῦς ἔτους, κατόπιν ἐγκρίσεως τῶν ἀπαιτουμένων πιστώσεων ὑπὸ τοῦ ὑπουργείου καὶ τῆς νομαρχίας.

ΤΟΥ ΔΙΚΗΓΟΡΙΚΟΥ ΣΥΛΛΟΓΟΥ

Ὁ ὑφυπουργὸς συγκοινωνιῶν ἐδήλωσεν ὅτι εἰς τὸ ζήτημα τοῦτο θὰ δοθῇ ἰδιαιτέρα προσοχή, ὥστε νὰ ἐξευρεθῇ ἡ ταχυτέρα λύσις, διὰ τῆς συνεργασίας τῶν ἁρμοδίων ὑπηρεσιῶν καὶ τῶν τοπικῶν ἀρχῶν. Ἐξ ἄλλου, ἀνεκοινώθη ὅτι τὰ σχετικὰ ἔργα θὰ ἐκτελεσθοῦν ἐντὸς τοῦ προσεχοῦς ἔτους, κατόπιν ἐγκρίσεως τῶν ἀπαιτουμένων πιστώσεων ὑπὸ τοῦ ὑπουργείου καὶ τῆς νομαρχίας.

Ὁ ὑφυπουργὸς συγκοινωνιῶν ἐδήλωσεν ὅτι εἰς τὸ ζήτημα τοῦτο θὰ δοθῇ ἰδιαιτέρα προσοχή, ὥστε νὰ ἐξευρεθῇ ἡ ταχυτέρα λύσις, διὰ τῆς συνεργασίας τῶν ἁρμοδίων ὑπηρεσιῶν καὶ τῶν τοπικῶν ἀρχῶν. Ἐξ ἄλλου, ἀνεκοινώθη ὅτι τὰ σχετικὰ ἔργα θὰ ἐκτελεσθοῦν ἐντὸς τοῦ προσεχοῦς ἔτους, κατόπιν ἐγκρίσεως τῶν ἀπαιτουμένων πιστώσεων ὑπὸ τοῦ ὑπουργείου καὶ τῆς νομαρχίας.

Ὁ ὑφυπουργὸς συγκοινωνιῶν ἐδήλωσεν ὅτι εἰς τὸ ζήτημα τοῦτο θὰ δοθῇ ἰδιαιτέρα προσοχή, ὥστε νὰ ἐξευρεθῇ ἡ ταχυτέρα λύσις, διὰ τῆς συνεργασίας τῶν ἁρμοδίων ὑπηρεσιῶν καὶ τῶν τοπικῶν ἀρχῶν. Ἐξ ἄλλου, ἀνεκοινώθη ὅτι τὰ σχετικὰ ἔργα θὰ ἐκτελεσθοῦν ἐντὸς τοῦ προσεχοῦς ἔτους, κατόπιν ἐγκρίσεως τῶν ἀπαιτουμένων πιστώσεων ὑπὸ τοῦ ὑπουργείου καὶ τῆς νομαρχίας.

ΤΟΥ ΔΗΜΟΤΙΚΟΥ ΣΥΜΒΟΥΛΙΟΥ ΚΑΣΤΟΡΙΑΣ

Ὁ ὑφυπουργὸς συγκοινωνιῶν ἐδήλωσεν ὅτι εἰς τὸ ζήτημα τοῦτο θὰ δοθῇ ἰδιαιτέρα προσοχή, ὥστε νὰ ἐξευρεθῇ ἡ ταχυτέρα λύσις, διὰ τῆς συνεργασίας τῶν ἁρμοδίων ὑπηρεσιῶν καὶ τῶν τοπικῶν ἀρχῶν. Ἐξ ἄλλου, ἀνεκοινώθη ὅτι τὰ σχετικὰ ἔργα θὰ ἐκτελεσθοῦν ἐντὸς τοῦ προσεχοῦς ἔτους, κατόπιν ἐγκρίσεως τῶν ἀπαιτουμένων πιστώσεων ὑπὸ τοῦ ὑπουργείου καὶ τῆς νομαρχίας.

ΤΑ ΣΥΛΛΥΠΗΤΗΡΙΑ

Ὁ ὑφυπουργὸς συγκοινωνιῶν ἐδήλωσεν ὅτι εἰς τὸ ζήτημα τοῦτο θὰ δοθῇ ἰδιαιτέρα προσοχή, ὥστε νὰ ἐξευρεθῇ ἡ ταχυτέρα λύσις, διὰ τῆς συνεργασίας τῶν ἁρμοδίων ὑπηρεσιῶν καὶ τῶν τοπικῶν ἀρχῶν. Ἐξ ἄλλου, ἀνεκοινώθη ὅτι τὰ σχετικὰ ἔργα θὰ ἐκτελεσθοῦν ἐντὸς τοῦ προσεχοῦς ἔτους, κατόπιν ἐγκρίσεως τῶν ἀπαιτουμένων πιστώσεων ὑπὸ τοῦ ὑπουργείου καὶ τῆς νομαρχίας.

Ο ΔΗΜΟΣ ΔΡΑΜΑΣ
ΔΡΑΜΑ, 10. —

Ὁ ὑφυπουργὸς συγκοινωνιῶν ἐδήλωσεν ὅτι εἰς τὸ ζήτημα τοῦτο θὰ δοθῇ ἰδιαιτέρα προσοχή, ὥστε νὰ ἐξευρεθῇ ἡ ταχυτέρα λύσις, διὰ τῆς συνεργασίας τῶν ἁρμοδίων ὑπηρεσιῶν καὶ τῶν τοπικῶν ἀρχῶν. Ἐξ ἄλλου, ἀνεκοινώθη ὅτι τὰ σχετικὰ ἔργα θὰ ἐκτελεσθοῦν ἐντὸς τοῦ προσεχοῦς ἔτους, κατόπιν ἐγκρίσεως τῶν ἀπαιτουμένων πιστώσεων ὑπὸ τοῦ ὑπουργείου καὶ τῆς νομαρχίας.

ΔΕΗΣΙΣ ΕΙΣ ΦΛΩΡΙΝΑΝ
ΦΛΩΡΙΝΑ, 10. —

Ὁ ὑφυπουργὸς συγκοινωνιῶν ἐδήλωσεν ὅτι εἰς τὸ ζήτημα τοῦτο θὰ δοθῇ ἰδιαιτέρα προσοχή, ὥστε νὰ ἐξευρεθῇ ἡ ταχυτέρα λύσις, διὰ τῆς συνεργασίας τῶν ἁρμοδίων ὑπηρεσιῶν καὶ τῶν τοπικῶν ἀρχῶν. Ἐξ ἄλλου, ἀνεκοινώθη ὅτι τὰ σχετικὰ ἔργα θὰ ἐκτελεσθοῦν ἐντὸς τοῦ προσεχοῦς ἔτους, κατόπιν ἐγκρίσεως τῶν ἀπαιτουμένων πιστώσεων ὑπὸ τοῦ ὑπουργείου καὶ τῆς νομαρχίας.

ΠΡΟΒΛΕΠΕΤΑΙ ΟΤΙ ΚΑΤΑ ΤΟΝ ΠΡΟΣΕΧΗ ΧΕΙΜΩΝΑ ΘΑ ΠΑΡΑΤΗΡΗΘΗ ΜΕΓΑΛΗ ΕΛΛΕΙΨΙΣ ΡΕΥΜΑΤΟΣ
Ο Κ. ΖΙΓΔΗΣ ΔΙΕΤΑΞΕ ΛΗΨΙΝ ΕΙΔΙΚΩΝ ΜΕΤΡΩΝ
ΑΘΗΝΑΙ, 10. —

Ὁ ὑφυπουργὸς συγκοινωνιῶν ἐδήλωσεν ὅτι εἰς τὸ ζήτημα τοῦτο θὰ δοθῇ ἰδιαιτέρα προσοχή, ὥστε νὰ ἐξευρεθῇ ἡ ταχυτέρα λύσις, διὰ τῆς συνεργασίας τῶν ἁρμοδίων ὑπηρεσιῶν καὶ τῶν τοπικῶν ἀρχῶν. Ἐξ ἄλλου, ἀνεκοινώθη ὅτι τὰ σχετικὰ ἔργα θὰ ἐκτελεσθοῦν ἐντὸς τοῦ προσεχοῦς ἔτους, κατόπιν ἐγκρίσεως τῶν ἀπαιτουμένων πιστώσεων ὑπὸ τοῦ ὑπουργείου καὶ τῆς νομαρχίας.

Ὁ ὑφυπουργὸς συγκοινωνιῶν ἐδήλωσεν ὅτι εἰς τὸ ζήτημα τοῦτο θὰ δοθῇ ἰδιαιτέρα προσοχή, ὥστε νὰ ἐξευρεθῇ ἡ ταχυτέρα λύσις, διὰ τῆς συνεργασίας τῶν ἁρμοδίων ὑπηρεσιῶν καὶ τῶν τοπικῶν ἀρχῶν. Ἐξ ἄλλου, ἀνεκοινώθη ὅτι τὰ σχετικὰ ἔργα θὰ ἐκτελεσθοῦν ἐντὸς τοῦ προσεχοῦς ἔτους, κατόπιν ἐγκρίσεως τῶν ἀπαιτουμένων πιστώσεων ὑπὸ τοῦ ὑπουργείου καὶ τῆς νομαρχίας.

Ὁ ὑφυπουργὸς συγκοινωνιῶν ἐδήλωσεν ὅτι εἰς τὸ ζήτημα τοῦτο θὰ δοθῇ ἰδιαιτέρα προσοχή, ὥστε νὰ ἐξευρεθῇ ἡ ταχυτέρα λύσις, διὰ τῆς συνεργασίας τῶν ἁρμοδίων ὑπηρεσιῶν καὶ τῶν τοπικῶν ἀρχῶν. Ἐξ ἄλλου, ἀνεκοινώθη ὅτι τὰ σχετικὰ ἔργα θὰ ἐκτελεσθοῦν ἐντὸς τοῦ προσεχοῦς ἔτους, κατόπιν ἐγκρίσεως τῶν ἀπαιτουμένων πιστώσεων ὑπὸ τοῦ ὑπουργείου καὶ τῆς νομαρχίας.

Ὁ ὑφυπουργὸς συγκοινωνιῶν ἐδήλωσεν ὅτι εἰς τὸ ζήτημα τοῦτο θὰ δοθῇ ἰδιαιτέρα προσοχή, ὥστε νὰ ἐξευρεθῇ ἡ ταχυτέρα λύσις, διὰ τῆς συνεργασίας τῶν ἁρμοδίων ὑπηρεσιῶν καὶ τῶν τοπικῶν ἀρχῶν. Ἐξ ἄλλου, ἀνεκοινώθη ὅτι τὰ σχετικὰ ἔργα θὰ ἐκτελεσθοῦν ἐντὸς τοῦ προσεχοῦς ἔτους, κατόπιν ἐγκρίσεως τῶν ἀπαιτουμένων πιστώσεων ὑπὸ τοῦ ὑπουργείου καὶ τῆς νομαρχίας.

Η ΕΡΓΑΤΙΚΗ ΗΓΕΣΙΑ ΘΑ ΖΗΤΗΣΗ ΠΡΩΤΗ ΤΟΝ ΕΛΕΓΧΟΝ ΕΥΘΥΣ ΩΣ ΝΟΜΟΘΕΤΗΘΗ Η ΑΠΟΦΑΣΙΣ ΤΟΥ ΠΟΘΕΝ ΕΣΧΕΣ
ΑΘΗΝΑΙ, 10. —

Ὁ ὑφυπουργὸς συγκοινωνιῶν ἐδήλωσεν ὅτι εἰς τὸ ζήτημα τοῦτο θὰ δοθῇ ἰδιαιτέρα προσοχή, ὥστε νὰ ἐξευρεθῇ ἡ ταχυτέρα λύσις, διὰ τῆς συνεργασίας τῶν ἁρμοδίων ὑπηρεσιῶν καὶ τῶν τοπικῶν ἀρχῶν. Ἐξ ἄλλου, ἀνεκοινώθη ὅτι τὰ σχετικὰ ἔργα θὰ ἐκτελεσθοῦν ἐντὸς τοῦ προσεχοῦς ἔτους, κατόπιν ἐγκρίσεως τῶν ἀπαιτουμένων πιστώσεων ὑπὸ τοῦ ὑπουργείου καὶ τῆς νομαρχίας.

Ὁ ὑφυπουργὸς συγκοινωνιῶν ἐδήλωσεν ὅτι εἰς τὸ ζήτημα τοῦτο θὰ δοθῇ ἰδιαιτέρα προσοχή, ὥστε νὰ ἐξευρεθῇ ἡ ταχυτέρα λύσις, διὰ τῆς συνεργασίας τῶν ἁρμοδίων ὑπηρεσιῶν καὶ τῶν τοπικῶν ἀρχῶν. Ἐξ ἄλλου, ἀνεκοινώθη ὅτι τὰ σχετικὰ ἔργα θὰ ἐκτελεσθοῦν ἐντὸς τοῦ προσεχοῦς ἔτους, κατόπιν ἐγκρίσεως τῶν ἀπαιτουμένων πιστώσεων ὑπὸ τοῦ ὑπουργείου καὶ τῆς νομαρχίας.

Ὁ ὑφυπουργὸς συγκοινωνιῶν ἐδήλωσεν ὅτι εἰς τὸ ζήτημα τοῦτο θὰ δοθῇ ἰδιαιτέρα προσοχή, ὥστε νὰ ἐξευρεθῇ ἡ ταχυτέρα λύσις, διὰ τῆς συνεργασίας τῶν ἁρμοδίων ὑπηρεσιῶν καὶ τῶν τοπικῶν ἀρχῶν. Ἐξ ἄλλου, ἀνεκοινώθη ὅτι τὰ σχετικὰ ἔργα θὰ ἐκτελεσθοῦν ἐντὸς τοῦ προσεχοῦς ἔτους, κατόπιν ἐγκρίσεως τῶν ἀπαιτουμένων πιστώσεων ὑπὸ τοῦ ὑπουργείου καὶ τῆς νομαρχίας.

Ὁ ὑφυπουργὸς συγκοινωνιῶν ἐδήλωσεν ὅτι εἰς τὸ ζήτημα τοῦτο θὰ δοθῇ ἰδιαιτέρα προσοχή, ὥστε νὰ ἐξευρεθῇ ἡ ταχυτέρα λύσις, διὰ τῆς συνεργασίας τῶν ἁρμοδίων ὑπηρεσιῶν καὶ τῶν τοπικῶν ἀρχῶν. Ἐξ ἄλλου, ἀνεκοινώθη ὅτι τὰ σχετικὰ ἔργα θὰ ἐκτελεσθοῦν ἐντὸς τοῦ προσεχοῦς ἔτους, κατόπιν ἐγκρίσεως τῶν ἀπαιτουμένων πιστώσεων ὑπὸ τοῦ ὑπουργείου καὶ τῆς νομαρχίας.

ΘΑ ΓΝΩΣΤΟΠΟΙΗΘΟΥΝ ΕΙΣ ΤΟΥΣ ΙΑΤΡΙΚΟΥΣ ΣΥΛΛΟΓΟΥΣ ΑΙ ΚΥΒΕΡΝΗΤΙΚΑΙ ΑΠΟΦΑΣΕΙΣ ΕΠΙ ΤΩΝ ΑΙΤΗΜΑΤΩΝ ΤΩΝ
ΑΘΗΝΑΙ, 10. —

Ὁ ὑφυπουργὸς συγκοινωνιῶν ἐδήλωσεν ὅτι εἰς τὸ ζήτημα τοῦτο θὰ δοθῇ ἰδιαιτέρα προσοχή, ὥστε νὰ ἐξευρεθῇ ἡ ταχυτέρα λύσις, διὰ τῆς συνεργασίας τῶν ἁρμοδίων ὑπηρεσιῶν καὶ τῶν τοπικῶν ἀρχῶν. Ἐξ ἄλλου, ἀνεκοινώθη ὅτι τὰ σχετικὰ ἔργα θὰ ἐκτελεσθοῦν ἐντὸς τοῦ προσεχοῦς ἔτους, κατόπιν ἐγκρίσεως τῶν ἀπαιτουμένων πιστώσεων ὑπὸ τοῦ ὑπουργείου καὶ τῆς νομαρχίας.

Ὁ ὑφυπουργὸς συγκοινωνιῶν ἐδήλωσεν ὅτι εἰς τὸ ζήτημα τοῦτο θὰ δοθῇ ἰδιαιτέρα προσοχή, ὥστε νὰ ἐξευρεθῇ ἡ ταχυτέρα λύσις, διὰ τῆς συνεργασίας τῶν ἁρμοδίων ὑπηρεσιῶν καὶ τῶν τοπικῶν ἀρχῶν. Ἐξ ἄλλου, ἀνεκοινώθη ὅτι τὰ σχετικὰ ἔργα θὰ ἐκτελεσθοῦν ἐντὸς τοῦ προσεχοῦς ἔτους, κατόπιν ἐγκρίσεως τῶν ἀπαιτουμένων πιστώσεων ὑπὸ τοῦ ὑπουργείου καὶ τῆς νομαρχίας.

ΜΙΚΡΑΙ ΕΓΧΩΡΙΑΙ ΕΙΔΗΣΕΙΣ ΧΩΡΙΣ ΤΙΤΛΟΝ
ΑΘΗΝΑΙ, 10. —

Ὁ ὑφυπουργὸς συγκοινωνιῶν ἐδήλωσεν ὅτι εἰς τὸ ζήτημα τοῦτο θὰ δοθῇ ἰδιαιτέρα προσοχή, ὥστε νὰ ἐξευρεθῇ ἡ ταχυτέρα λύσις, διὰ τῆς συνεργασίας τῶν ἁρμοδίων ὑπηρεσιῶν καὶ τῶν τοπικῶν ἀρχῶν. Ἐξ ἄλλου, ἀνεκοινώθη ὅτι τὰ σχετικὰ ἔργα θὰ ἐκτελεσθοῦν ἐντὸς τοῦ προσεχοῦς ἔτους, κατόπιν ἐγκρίσεως τῶν ἀπαιτουμένων πιστώσεων ὑπὸ τοῦ ὑπουργείου καὶ τῆς νομαρχίας.

Ὁ ὑφυπουργὸς συγκοινωνιῶν ἐδήλωσεν ὅτι εἰς τὸ ζήτημα τοῦτο θὰ δοθῇ ἰδιαιτέρα προσοχή, ὥστε νὰ ἐξευρεθῇ ἡ ταχυτέρα λύσις, διὰ τῆς συνεργασίας τῶν ἁρμοδίων ὑπηρεσιῶν καὶ τῶν τοπικῶν ἀρχῶν. Ἐξ ἄλλου, ἀνεκοινώθη ὅτι τὰ σχετικὰ ἔργα θὰ ἐκτελεσθοῦν ἐντὸς τοῦ προσεχοῦς ἔτους, κατόπιν ἐγκρίσεως τῶν ἀπαιτουμένων πιστώσεων ὑπὸ τοῦ ὑπουργείου καὶ τῆς νομαρχίας.

Η ΕΤΗΣΙΑ ΠΑΡΑΓΩΓΗ ΜΕΤΑΛΛΕΥΜΑΤΩΝ ΕΙΣ ΤΗΝ ΤΟΥΡΚΙΑΝ
ΑΓΚΥΡΑ, 10. (ΤΗΕ). —

Ὁ ὑφυπουργὸς συγκοινωνιῶν ἐδήλωσεν ὅτι εἰς τὸ ζήτημα τοῦτο θὰ δοθῇ ἰδιαιτέρα προσοχή, ὥστε νὰ ἐξευρεθῇ ἡ ταχυτέρα λύσις, διὰ τῆς συνεργασίας τῶν ἁρμοδίων ὑπηρεσιῶν καὶ τῶν τοπικῶν ἀρχῶν. Ἐξ ἄλλου, ἀνεκοινώθη ὅτι τὰ σχετικὰ ἔργα θὰ ἐκτελεσθοῦν ἐντὸς τοῦ προσεχοῦς ἔτους, κατόπιν ἐγκρίσεως τῶν ἀπαιτουμένων πιστώσεων ὑπὸ τοῦ ὑπουργείου καὶ τῆς νομαρχίας.

ΔΙΕΣΠΑΣΘΗ ΤΟ ΚΙΝΗΜΑ ΤΩΝ ΜΑΥΡΩΝ ΜΩΑΜΕΘΑΝΩΝ
ΝΕΑ ΥΟΡΚΗ, 10. (Ρώυτερ). —

Ὁ ὑφυπουργὸς συγκοινωνιῶν ἐδήλωσεν ὅτι εἰς τὸ ζήτημα τοῦτο θὰ δοθῇ ἰδιαιτέρα προσοχή, ὥστε νὰ ἐξευρεθῇ ἡ ταχυτέρα λύσις, διὰ τῆς συνεργασίας τῶν ἁρμοδίων ὑπηρεσιῶν καὶ τῶν τοπικῶν ἀρχῶν. Ἐξ ἄλλου, ἀνεκοινώθη ὅτι τὰ σχετικὰ ἔργα θὰ ἐκτελεσθοῦν ἐντὸς τοῦ προσεχοῦς ἔτους, κατόπιν ἐγκρίσεως τῶν ἀπαιτουμένων πιστώσεων ὑπὸ τοῦ ὑπουργείου καὶ τῆς νομαρχίας.

ΝΕΟΝ ΡΕΚΟΡ ΠΤΗΣΕΩΣ ΑΠΟ ΣΤΟΚΧΟΛΜΗΣ ΕΙΣ ΛΟΝΔΙΝΟΝ
ΛΟΝΔΙΝΟΝ, 10. (Ρώυτερ). —

Ὁ ὑφυπουργὸς συγκοινωνιῶν ἐδήλωσεν ὅτι εἰς τὸ ζήτημα τοῦτο θὰ δοθῇ ἰδιαιτέρα προσοχή, ὥστε νὰ ἐξευρεθῇ ἡ ταχυτέρα λύσις, διὰ τῆς συνεργασίας τῶν ἁρμοδίων ὑπηρεσιῶν καὶ τῶν τοπικῶν ἀρχῶν. Ἐξ ἄλλου, ἀνεκοινώθη ὅτι τὰ σχετικὰ ἔργα θὰ ἐκτελεσθοῦν ἐντὸς τοῦ προσεχοῦς ἔτους, κατόπιν ἐγκρίσεως τῶν ἀπαιτουμένων πιστώσεων ὑπὸ τοῦ ὑπουργείου καὶ τῆς νομαρχίας.

ΝΑΥΑΓΙΟΝ ΑΙ ΣΥΝΟΜΙΛΙΑΙ ΓΕΡΜΑΝΙΑΣ — ΙΣΡΑΗΛ ΔΙΑ ΤΑΣ ΑΠΟΖΗΜΙΩΣΕΙΣ
ΒΡΥΞΕΛΛΑΙ, 10. (Ρώυτερ). —

Ὁ ὑφυπουργὸς συγκοινωνιῶν ἐδήλωσεν ὅτι εἰς τὸ ζήτημα τοῦτο θὰ δοθῇ ἰδιαιτέρα προσοχή, ὥστε νὰ ἐξευρεθῇ ἡ ταχυτέρα λύσις, διὰ τῆς συνεργασίας τῶν ἁρμοδίων ὑπηρεσιῶν καὶ τῶν τοπικῶν ἀρχῶν. Ἐξ ἄλλου, ἀνεκοινώθη ὅτι τὰ σχετικὰ ἔργα θὰ ἐκτελεσθοῦν ἐντὸς τοῦ προσεχοῦς ἔτους, κατόπιν ἐγκρίσεως τῶν ἀπαιτουμένων πιστώσεων ὑπὸ τοῦ ὑπουργείου καὶ τῆς νομαρχίας.

ΤΟΥΡΚΟΣ ΑΠΑΤΕΩΝ ΣΥΝΕΛΗΦΘΗ ΕΙΣ ΡΩΜΗΝ
ΡΩΜΗ, 10. (Ἀσσ. Πρές). —

Ὁ ὑφυπουργὸς συγκοινωνιῶν ἐδήλωσεν ὅτι εἰς τὸ ζήτημα τοῦτο θὰ δοθῇ ἰδιαιτέρα προσοχή, ὥστε νὰ ἐξευρεθῇ ἡ ταχυτέρα λύσις, διὰ τῆς συνεργασίας τῶν ἁρμοδίων ὑπηρεσιῶν καὶ τῶν τοπικῶν ἀρχῶν. Ἐξ ἄλλου, ἀνεκοινώθη ὅτι τὰ σχετικὰ ἔργα θὰ ἐκτελεσθοῦν ἐντὸς τοῦ προσεχοῦς ἔτους, κατόπιν ἐγκρίσεως τῶν ἀπαιτουμένων πιστώσεων ὑπὸ τοῦ ὑπουργείου καὶ τῆς νομαρχίας.

ΑΠΕΣΤΑΛΗ ΠΡΟΣ ΥΠΟΓΡΑΦΗΝ ΕΙΣ ΤΟΝ ΛΕΥΚΟΝ ΟΙΚΟΝ Ο ΝΕΟΣ ΣΤΡΑΤΙΩΤΙΚΟΣ ΠΡΟΫΠΟΛΟΓΙΣΜΟΣ ΣΥΝΟΛΙΚΟΥ ΥΨΟΥΣ 17 ΔΙΣΕΚΑΤΟΜΜΥΡΙΩΝ ΔΟΛΛΑΡΙΩΝ
ΟΥΑΣΙΓΚΤΩΝ, 10. (Ἀσσ. Πρές). —

Ὁ ὑφυπουργὸς συγκοινωνιῶν ἐδήλωσεν ὅτι εἰς τὸ ζήτημα τοῦτο θὰ δοθῇ ἰδιαιτέρα προσοχή, ὥστε νὰ ἐξευρεθῇ ἡ ταχυτέρα λύσις, διὰ τῆς συνεργασίας τῶν ἁρμοδίων ὑπηρεσιῶν καὶ τῶν τοπικῶν ἀρχῶν. Ἐξ ἄλλου, ἀνεκοινώθη ὅτι τὰ σχετικὰ ἔργα θὰ ἐκτελεσθοῦν ἐντὸς τοῦ προσεχοῦς ἔτους, κατόπιν ἐγκρίσεως τῶν ἀπαιτουμένων πιστώσεων ὑπὸ τοῦ ὑπουργείου καὶ τῆς νομαρχίας.

Ὁ ὑφυπουργὸς συγκοινωνιῶν ἐδήλωσεν ὅτι εἰς τὸ ζήτημα τοῦτο θὰ δοθῇ ἰδιαιτέρα προσοχή, ὥστε νὰ ἐξευρεθῇ ἡ ταχυτέρα λύσις, διὰ τῆς συνεργασίας τῶν ἁρμοδίων ὑπηρεσιῶν καὶ τῶν τοπικῶν ἀρχῶν. Ἐξ ἄλλου, ἀνεκοινώθη ὅτι τὰ σχετικὰ ἔργα θὰ ἐκτελεσθοῦν ἐντὸς τοῦ προσεχοῦς ἔτους, κατόπιν ἐγκρίσεως τῶν ἀπαιτουμένων πιστώσεων ὑπὸ τοῦ ὑπουργείου καὶ τῆς νομαρχίας.

ΤΟ ΠΕΝΤΑΓΩΝΟΝ ΔΙΑΨΕΥΔΕΙ ΚΑΤΗΓΟΡΗΜΑΤΙΚΟΣ ΟΤΙ ΑΜΕΡΙΚΑΝΙΚΑ ΑΕΡΟΠΛΑΝΑ ΕΝΕΡΓΟΥΝ ΚΑΤΑΣΚΟΠΕΥΤΙΚΑΣ ΠΤΗΣΕΙΣ ΥΠΕΡΑΝΩ ΤΗΣ ΚΙΝΑΣ
ΟΥΑΣΙΓΚΤΩΝ, 10. (Ἀσσ. Πρές). —

Ὁ ὑφυπουργὸς συγκοινωνιῶν ἐδήλωσεν ὅτι εἰς τὸ ζήτημα τοῦτο θὰ δοθῇ ἰδιαιτέρα προσοχή, ὥστε νὰ ἐξευρεθῇ ἡ ταχυτέρα λύσις, διὰ τῆς συνεργασίας τῶν ἁρμοδίων ὑπηρεσιῶν καὶ τῶν τοπικῶν ἀρχῶν. Ἐξ ἄλλου, ἀνεκοινώθη ὅτι τὰ σχετικὰ ἔργα θὰ ἐκτελεσθοῦν ἐντὸς τοῦ προσεχοῦς ἔτους, κατόπιν ἐγκρίσεως τῶν ἀπαιτουμένων πιστώσεων ὑπὸ τοῦ ὑπουργείου καὶ τῆς νομαρχίας.

Η ΔΡΑΣΙΣ ΤΩΝ «Κ—11»

Ὁ ὑφυπουργὸς συγκοινωνιῶν ἐδήλωσεν ὅτι εἰς τὸ ζήτημα τοῦτο θὰ δοθῇ ἰδιαιτέρα προσοχή, ὥστε νὰ ἐξευρεθῇ ἡ ταχυτέρα λύσις, διὰ τῆς συνεργασίας τῶν ἁρμοδίων ὑπηρεσιῶν καὶ τῶν τοπικῶν ἀρχῶν. Ἐξ ἄλλου, ἀνεκοινώθη ὅτι τὰ σχετικὰ ἔργα θὰ ἐκτελεσθοῦν ἐντὸς τοῦ προσεχοῦς ἔτους, κατόπιν ἐγκρίσεως τῶν ἀπαιτουμένων πιστώσεων ὑπὸ τοῦ ὑπουργείου καὶ τῆς νομαρχίας.

ΒΟΥΛΓΑΡΙΚΗ ΑΠΟΣΤΟΛΗ ΥΠΟ ΤΟΝ Κ. ΖΙΒΚΩΦ ΕΦΘΑΣΕΝ ΕΙΣ ΤΗΝ ΟΥΓΓΡΙΚΗΝ ΠΡΩΤΕΥΟΥΣΑΝ ΚΑΙ ΗΡΧΙΣΕ ΣΥΝΟΜΙΛΙΑΣ ΜΕΤΑ ΤΟΥ Κ. ΚΑΝΤΑΡ
ΒΙΕΝΝΗ, 10. (Ρώυτερ). —

Ὁ ὑφυπουργὸς συγκοινωνιῶν ἐδήλωσεν ὅτι εἰς τὸ ζήτημα τοῦτο θὰ δοθῇ ἰδιαιτέρα προσοχή, ὥστε νὰ ἐξευρεθῇ ἡ ταχυτέρα λύσις, διὰ τῆς συνεργασίας τῶν ἁρμοδίων ὑπηρεσιῶν καὶ τῶν τοπικῶν ἀρχῶν. Ἐξ ἄλλου, ἀνεκοινώθη ὅτι τὰ σχετικὰ ἔργα θὰ ἐκτελεσθοῦν ἐντὸς τοῦ προσεχοῦς ἔτους, κατόπιν ἐγκρίσεως τῶν ἀπαιτουμένων πιστώσεων ὑπὸ τοῦ ὑπουργείου καὶ τῆς νομαρχίας.

ΕΧΘΡΟΙ ΑΙ ΣΥΝΟΜΙΛΙΑΙ
ΣΟΦΙΑ, 10. (Ρώυτερ). —

Ὁ ὑφυπουργὸς συγκοινωνιῶν ἐδήλωσεν ὅτι εἰς τὸ ζήτημα τοῦτο θὰ δοθῇ ἰδιαιτέρα προσοχή, ὥστε νὰ ἐξευρεθῇ ἡ ταχυτέρα λύσις, διὰ τῆς συνεργασίας τῶν ἁρμοδίων ὑπηρεσιῶν καὶ τῶν τοπικῶν ἀρχῶν. Ἐξ ἄλλου, ἀνεκοινώθη ὅτι τὰ σχετικὰ ἔργα θὰ ἐκτελεσθοῦν ἐντὸς τοῦ προσεχοῦς ἔτους, κατόπιν ἐγκρίσεως τῶν ἀπαιτουμένων πιστώσεων ὑπὸ τοῦ ὑπουργείου καὶ τῆς νομαρχίας.

ΥΠΕΓΡΑΦΗ ΕΙΔΙΚΗ ΣΥΜΦΩΝΙΑ ΠΕΡΙ ΒΟΗΘΕΙΑΣ ΕΙΣ ΤΟΥΣ ΚΙΝΔΥΝΕΥΟΝΤΑΣ ΑΣΤΡΟΝΑΥΤΑΣ ΜΕΤΑΞΥ ΗΝΩΜΕΝΩΝ ΠΟΛΙΤΕΙΩΝ ΚΑΙ ΡΩΣΣΙΑΣ
ΓΕΝΕΥΗ, 10. (Ἀσσ. Πρές). —

Ὁ ὑφυπουργὸς συγκοινωνιῶν ἐδήλωσεν ὅτι εἰς τὸ ζήτημα τοῦτο θὰ δοθῇ ἰδιαιτέρα προσοχή, ὥστε νὰ ἐξευρεθῇ ἡ ταχυτέρα λύσις, διὰ τῆς συνεργασίας τῶν ἁρμοδίων ὑπηρεσιῶν καὶ τῶν τοπικῶν ἀρχῶν. Ἐξ ἄλλου, ἀνεκοινώθη ὅτι τὰ σχετικὰ ἔργα θὰ ἐκτελεσθοῦν ἐντὸς τοῦ προσεχοῦς ἔτους, κατόπιν ἐγκρίσεως τῶν ἀπαιτουμένων πιστώσεων ὑπὸ τοῦ ὑπουργείου καὶ τῆς νομαρχίας.

Ὁ ὑφυπουργὸς συγκοινωνιῶν ἐδήλωσεν ὅτι εἰς τὸ ζήτημα τοῦτο θὰ δοθῇ ἰδιαιτέρα προσοχή, ὥστε νὰ ἐξευρεθῇ ἡ ταχυτέρα λύσις, διὰ τῆς συνεργασίας τῶν ἁρμοδίων ὑπηρεσιῶν καὶ τῶν τοπικῶν ἀρχῶν. Ἐξ ἄλλου, ἀνεκοινώθη ὅτι τὰ σχετικὰ ἔργα θὰ ἐκτελεσθοῦν ἐντὸς τοῦ προσεχοῦς ἔτους, κατόπιν ἐγκρίσεως τῶν ἀπαιτουμένων πιστώσεων ὑπὸ τοῦ ὑπουργείου καὶ τῆς νομαρχίας.

Ὁ ὑφυπουργὸς συγκοινωνιῶν ἐδήλωσεν ὅτι εἰς τὸ ζήτημα τοῦτο θὰ δοθῇ ἰδιαιτέρα προσοχή, ὥστε νὰ ἐξευρεθῇ ἡ ταχυτέρα λύσις, διὰ τῆς συνεργασίας τῶν ἁρμοδίων ὑπηρεσιῶν καὶ τῶν τοπικῶν ἀρχῶν. Ἐξ ἄλλου, ἀνεκοινώθη ὅτι τὰ σχετικὰ ἔργα θὰ ἐκτελεσθοῦν ἐντὸς τοῦ προσεχοῦς ἔτους, κατόπιν ἐγκρίσεως τῶν ἀπαιτουμένων πιστώσεων ὑπὸ τοῦ ὑπουργείου καὶ τῆς νομαρχίας.

Ὁ ὑφυπουργὸς συγκοινωνιῶν ἐδήλωσεν ὅτι εἰς τὸ ζήτημα τοῦτο θὰ δοθῇ ἰδιαιτέρα προσοχή, ὥστε νὰ ἐξευρεθῇ ἡ ταχυτέρα λύσις, διὰ τῆς συνεργασίας τῶν ἁρμοδίων ὑπηρεσιῶν καὶ τῶν τοπικῶν ἀρχῶν. Ἐξ ἄλλου, ἀνεκοινώθη ὅτι τὰ σχετικὰ ἔργα θὰ ἐκτελεσθοῦν ἐντὸς τοῦ προσεχοῦς ἔτους, κατόπιν ἐγκρίσεως τῶν ἀπαιτουμένων πιστώσεων ὑπὸ τοῦ ὑπουργείου καὶ τῆς νομαρχίας.

Η ΑΜΕΡΙΚΗ ΠΡΟΘΥΜΟΣ ΝΑ ΣΥΖΗΤΗΣΗ ΜΕ ΤΗΝ ΛΙΒΥΗΝ ΤΟ ΘΕΜΑ ΤΩΝ ΑΕΡΟΠΟΡΙΚΩΝ ΒΑΣΕΩΝ ΕΙΣ ΤΡΙΠΟΛΙΝ
ΟΥΑΣΙΓΚΤΩΝ, 10. (Ἀσσ. Πρές). —

Ὁ ὑφυπουργὸς συγκοινωνιῶν ἐδήλωσεν ὅτι εἰς τὸ ζήτημα τοῦτο θὰ δοθῇ ἰδιαιτέρα προσοχή, ὥστε νὰ ἐξευρεθῇ ἡ ταχυτέρα λύσις, διὰ τῆς συνεργασίας τῶν ἁρμοδίων ὑπηρεσιῶν καὶ τῶν τοπικῶν ἀρχῶν. Ἐξ ἄλλου, ἀνεκοινώθη ὅτι τὰ σχετικὰ ἔργα θὰ ἐκτελεσθοῦν ἐντὸς τοῦ προσεχοῦς ἔτους, κατόπιν ἐγκρίσεως τῶν ἀπαιτουμένων πιστώσεων ὑπὸ τοῦ ὑπουργείου καὶ τῆς νομαρχίας.

Ὁ ὑφυπουργὸς συγκοινωνιῶν ἐδήλωσεν ὅτι εἰς τὸ ζήτημα τοῦτο θὰ δοθῇ ἰδιαιτέρα προσοχή, ὥστε νὰ ἐξευρεθῇ ἡ ταχυτέρα λύσις, διὰ τῆς συνεργασίας τῶν ἁρμοδίων ὑπηρεσιῶν καὶ τῶν τοπικῶν ἀρχῶν. Ἐξ ἄλλου, ἀνεκοινώθη ὅτι τὰ σχετικὰ ἔργα θὰ ἐκτελεσθοῦν ἐντὸς τοῦ προσεχοῦς ἔτους, κατόπιν ἐγκρίσεως τῶν ἀπαιτουμένων πιστώσεων ὑπὸ τοῦ ὑπουργείου καὶ τῆς νομαρχίας.

ΑΝΤΙΚΟΜΜΟΥΝΙΣΤΙΚΗ ΟΡΓΑΝΩΣΙΣ ΤΩΝ ΣΛΟΒΕΝΩΝ ΑΝΕΚΑΛΥΦΘΗ ΚΑΙ ΕΞΗΡΘΡΩΘΗ ΥΠΟ ΤΗΣ ΑΣΤΥΝΟΜΙΑΣ
ΛΟΥΜΠΛΙΑΝΑ, 10. (Ρώυτερ). —

Ὁ ὑφυπουργὸς συγκοινωνιῶν ἐδήλωσεν ὅτι εἰς τὸ ζήτημα τοῦτο θὰ δοθῇ ἰδιαιτέρα προσοχή, ὥστε νὰ ἐξευρεθῇ ἡ ταχυτέρα λύσις, διὰ τῆς συνεργασίας τῶν ἁρμοδίων ὑπηρεσιῶν καὶ τῶν τοπικῶν ἀρχῶν. Ἐξ ἄλλου, ἀνεκοινώθη ὅτι τὰ σχετικὰ ἔργα θὰ ἐκτελεσθοῦν ἐντὸς τοῦ προσεχοῦς ἔτους, κατόπιν ἐγκρίσεως τῶν ἀπαιτουμένων πιστώσεων ὑπὸ τοῦ ὑπουργείου καὶ τῆς νομαρχίας.

Ὁ ὑφυπουργὸς συγκοινωνιῶν ἐδήλωσεν ὅτι εἰς τὸ ζήτημα τοῦτο θὰ δοθῇ ἰδιαιτέρα προσοχή, ὥστε νὰ ἐξευρεθῇ ἡ ταχυτέρα λύσις, διὰ τῆς συνεργασίας τῶν ἁρμοδίων ὑπηρεσιῶν καὶ τῶν τοπικῶν ἀρχῶν. Ἐξ ἄλλου, ἀνεκοινώθη ὅτι τὰ σχετικὰ ἔργα θὰ ἐκτελεσθοῦν ἐντὸς τοῦ προσεχοῦς ἔτους, κατόπιν ἐγκρίσεως τῶν ἀπαιτουμένων πιστώσεων ὑπὸ τοῦ ὑπουργείου καὶ τῆς νομαρχίας.

ΑΓΝΩΣΤΑ ΠΑΡΑΜΕΝΟΥΝ ΤΑ ΑΙΤΙΑ ΤΗΣ ΕΚΡΗΞΕΩΣ ΤΟΥ ΠΥΡΑΥΛΟΥ «ΑΤΛΑΣ», ΕΝΤΟΣ ΤΗΣ ΑΠΟΘΗΚΗΣ ΤΟΥ
ΟΥΑΣΙΓΚΤΩΝ, 10. (Ἀσσ. Πρές). —

Ὁ ὑφυπουργὸς συγκοινωνιῶν ἐδήλωσεν ὅτι εἰς τὸ ζήτημα τοῦτο θὰ δοθῇ ἰδιαιτέρα προσοχή, ὥστε νὰ ἐξευρεθῇ ἡ ταχυτέρα λύσις, διὰ τῆς συνεργασίας τῶν ἁρμοδίων ὑπηρεσιῶν καὶ τῶν τοπικῶν ἀρχῶν. Ἐξ ἄλλου, ἀνεκοινώθη ὅτι τὰ σχετικὰ ἔργα θὰ ἐκτελεσθοῦν ἐντὸς τοῦ προσεχοῦς ἔτους, κατόπιν ἐγκρίσεως τῶν ἀπαιτουμένων πιστώσεων ὑπὸ τοῦ ὑπουργείου καὶ τῆς νομαρχίας.

Ὁ ὑφυπουργὸς συγκοινωνιῶν ἐδήλωσεν ὅτι εἰς τὸ ζήτημα τοῦτο θὰ δοθῇ ἰδιαιτέρα προσοχή, ὥστε νὰ ἐξευρεθῇ ἡ ταχυτέρα λύσις, διὰ τῆς συνεργασίας τῶν ἁρμοδίων ὑπηρεσιῶν καὶ τῶν τοπικῶν ἀρχῶν. Ἐξ ἄλλου, ἀνεκοινώθη ὅτι τὰ σχετικὰ ἔργα θὰ ἐκτελεσθοῦν ἐντὸς τοῦ προσεχοῦς ἔτους, κατόπιν ἐγκρίσεως τῶν ἀπαιτουμένων πιστώσεων ὑπὸ τοῦ ὑπουργείου καὶ τῆς νομαρχίας.

Η ΚΟΥΒΑ ΕΚΑΛΕΣΕ ΠΡΟΣ ΚΑΤΑΤΑΞΙΝ ΕΙΣ ΤΟΝ ΣΤΡΑΤΟΝ ΑΠΑΝΤΑΣ ΤΟΥΣ ΚΛΗΡΩΤΟΥΣ ΤΩΝ ΚΛΑΣΕΩΝ 1943—1947
ΜΑΪΑΜΙ, Φλώριδα, 10. (Ἀσσ. Πρές). —

Ὁ ὑφυπουργὸς συγκοινωνιῶν ἐδήλωσεν ὅτι εἰς τὸ ζήτημα τοῦτο θὰ δοθῇ ἰδιαιτέρα προσοχή, ὥστε νὰ ἐξευρεθῇ ἡ ταχυτέρα λύσις, διὰ τῆς συνεργασίας τῶν ἁρμοδίων ὑπηρεσιῶν καὶ τῶν τοπικῶν ἀρχῶν. Ἐξ ἄλλου, ἀνεκοινώθη ὅτι τὰ σχετικὰ ἔργα θὰ ἐκτελεσθοῦν ἐντὸς τοῦ προσεχοῦς ἔτους, κατόπιν ἐγκρίσεως τῶν ἀπαιτουμένων πιστώσεων ὑπὸ τοῦ ὑπουργείου καὶ τῆς νομαρχίας.

Ὁ ὑφυπουργὸς συγκοινωνιῶν ἐδήλωσεν ὅτι εἰς τὸ ζήτημα τοῦτο θὰ δοθῇ ἰδιαιτέρα προσοχή, ὥστε νὰ ἐξευρεθῇ ἡ ταχυτέρα λύσις, διὰ τῆς συνεργασίας τῶν ἁρμοδίων ὑπηρεσιῶν καὶ τῶν τοπικῶν ἀρχῶν. Ἐξ ἄλλου, ἀνεκοινώθη ὅτι τὰ σχετικὰ ἔργα θὰ ἐκτελεσθοῦν ἐντὸς τοῦ προσεχοῦς ἔτους, κατόπιν ἐγκρίσεως τῶν ἀπαιτουμένων πιστώσεων ὑπὸ τοῦ ὑπουργείου καὶ τῆς νομαρχίας.

Ο ΚΛΑΙΫ ΘΑ ΥΠΟΒΛΗΘΗ ΕΙΣ ΝΕΑΝ ΕΞΕΤΑΣΙΝ ΠΡΟΚΕΙΜΕΝΟΥ ΝΑ ΚΑΤΑΤΑΓΗ ΕΙΣ ΤΟΝ ΣΤΡΑΤΟΝ
ΟΥΑΣΙΓΚΤΩΝ, 10. (Ἀσσ. Πρές). —

Ὁ ὑφυπουργὸς συγκοινωνιῶν ἐδήλωσεν ὅτι εἰς τὸ ζήτημα τοῦτο θὰ δοθῇ ἰδιαιτέρα προσοχή, ὥστε νὰ ἐξευρεθῇ ἡ ταχυτέρα λύσις, διὰ τῆς συνεργασίας τῶν ἁρμοδίων ὑπηρεσιῶν καὶ τῶν τοπικῶν ἀρχῶν. Ἐξ ἄλλου, ἀνεκοινώθη ὅτι τὰ σχετικὰ ἔργα θὰ ἐκτελεσθοῦν ἐντὸς τοῦ προσεχοῦς ἔτους, κατόπιν ἐγκρίσεως τῶν ἀπαιτουμένων πιστώσεων ὑπὸ τοῦ ὑπουργείου καὶ τῆς νομαρχίας.

Ὁ ὑφυπουργὸς συγκοινωνιῶν ἐδήλωσεν ὅτι εἰς τὸ ζήτημα τοῦτο θὰ δοθῇ ἰδιαιτέρα προσοχή, ὥστε νὰ ἐξευρεθῇ ἡ ταχυτέρα λύσις, διὰ τῆς συνεργασίας τῶν ἁρμοδίων ὑπηρεσιῶν καὶ τῶν τοπικῶν ἀρχῶν. Ἐξ ἄλλου, ἀνεκοινώθη ὅτι τὰ σχετικὰ ἔργα θὰ ἐκτελεσθοῦν ἐντὸς τοῦ προσεχοῦς ἔτους, κατόπιν ἐγκρίσεως τῶν ἀπαιτουμένων πιστώσεων ὑπὸ τοῦ ὑπουργείου καὶ τῆς νομαρχίας.

ΛΙΑΝ ΑΝΗΣΥΧΗΤΙΚΗΝ ΑΥΞΗΣΙΝ ΠΑΡΟΥΣΙΑΖΕΙ Ο ΑΡΙΘΜΟΣ ΤΩΝ ΑΝΕΡΓΩΝ ΕΙΣ ΗΝ. ΠΟΛΙΤΕΙΑΣ
ΟΥΑΣΙΓΚΤΩΝ, 10. (Ἀσσ. Πρές). —

Ὁ ὑφυπουργὸς συγκοινωνιῶν ἐδήλωσεν ὅτι εἰς τὸ ζήτημα τοῦτο θὰ δοθῇ ἰδιαιτέρα προσοχή, ὥστε νὰ ἐξευρεθῇ ἡ ταχυτέρα λύσις, διὰ τῆς συνεργασίας τῶν ἁρμοδίων ὑπηρεσιῶν καὶ τῶν τοπικῶν ἀρχῶν. Ἐξ ἄλλου, ἀνεκοινώθη ὅτι τὰ σχετικὰ ἔργα θὰ ἐκτελεσθοῦν ἐντὸς τοῦ προσεχοῦς ἔτους, κατόπιν ἐγκρίσεως τῶν ἀπαιτουμένων πιστώσεων ὑπὸ τοῦ ὑπουργείου καὶ τῆς νομαρχίας.

Ὁ ὑφυπουργὸς συγκοινωνιῶν ἐδήλωσεν ὅτι εἰς τὸ ζήτημα τοῦτο θὰ δοθῇ ἰδιαιτέρα προσοχή, ὥστε νὰ ἐξευρεθῇ ἡ ταχυτέρα λύσις, διὰ τῆς συνεργασίας τῶν ἁρμοδίων ὑπηρεσιῶν καὶ τῶν τοπικῶν ἀρχῶν. Ἐξ ἄλλου, ἀνεκοινώθη ὅτι τὰ σχετικὰ ἔργα θὰ ἐκτελεσθοῦν ἐντὸς τοῦ προσεχοῦς ἔτους, κατόπιν ἐγκρίσεως τῶν ἀπαιτουμένων πιστώσεων ὑπὸ τοῦ ὑπουργείου καὶ τῆς νομαρχίας.

Η ΜΑΝΤΥ ΝΤΑΙΗΒΙΣ ΑΠΟΔΙΔΕΙ ΤΗΝ ΑΠΕΛΑΣΙΝ ΕΙΣ ΤΗΝ ΖΗΛΕΙΑΝ ΤΟΥΡΚΙΣΣΩΝ ΓΕΡΟΝΤΟΚΟΡΩΝ
ΛΟΝΔΙΝΟΝ, 10. (Ρώυτερ). —

Ὁ ὑφυπουργὸς συγκοινωνιῶν ἐδήλωσεν ὅτι εἰς τὸ ζήτημα τοῦτο θὰ δοθῇ ἰδιαιτέρα προσοχή, ὥστε νὰ ἐξευρεθῇ ἡ ταχυτέρα λύσις, διὰ τῆς συνεργασίας τῶν ἁρμοδίων ὑπηρεσιῶν καὶ τῶν τοπικῶν ἀρχῶν. Ἐξ ἄλλου, ἀνεκοινώθη ὅτι τὰ σχετικὰ ἔργα θὰ ἐκτελεσθοῦν ἐντὸς τοῦ προσεχοῦς ἔτους, κατόπιν ἐγκρίσεως τῶν ἀπαιτουμένων πιστώσεων ὑπὸ τοῦ ὑπουργείου καὶ τῆς νομαρχίας.

Ὁ ὑφυπουργὸς συγκοινωνιῶν ἐδήλωσεν ὅτι εἰς τὸ ζήτημα τοῦτο θὰ δοθῇ ἰδιαιτέρα προσοχή, ὥστε νὰ ἐξευρεθῇ ἡ ταχυτέρα λύσις, διὰ τῆς συνεργασίας τῶν ἁρμοδίων ὑπηρεσιῶν καὶ τῶν τοπικῶν ἀρχῶν. Ἐξ ἄλλου, ἀνεκοινώθη ὅτι τὰ σχετικὰ ἔργα θὰ ἐκτελεσθοῦν ἐντὸς τοῦ προσεχοῦς ἔτους, κατόπιν ἐγκρίσεως τῶν ἀπαιτουμένων πιστώσεων ὑπὸ τοῦ ὑπουργείου καὶ τῆς νομαρχίας.
